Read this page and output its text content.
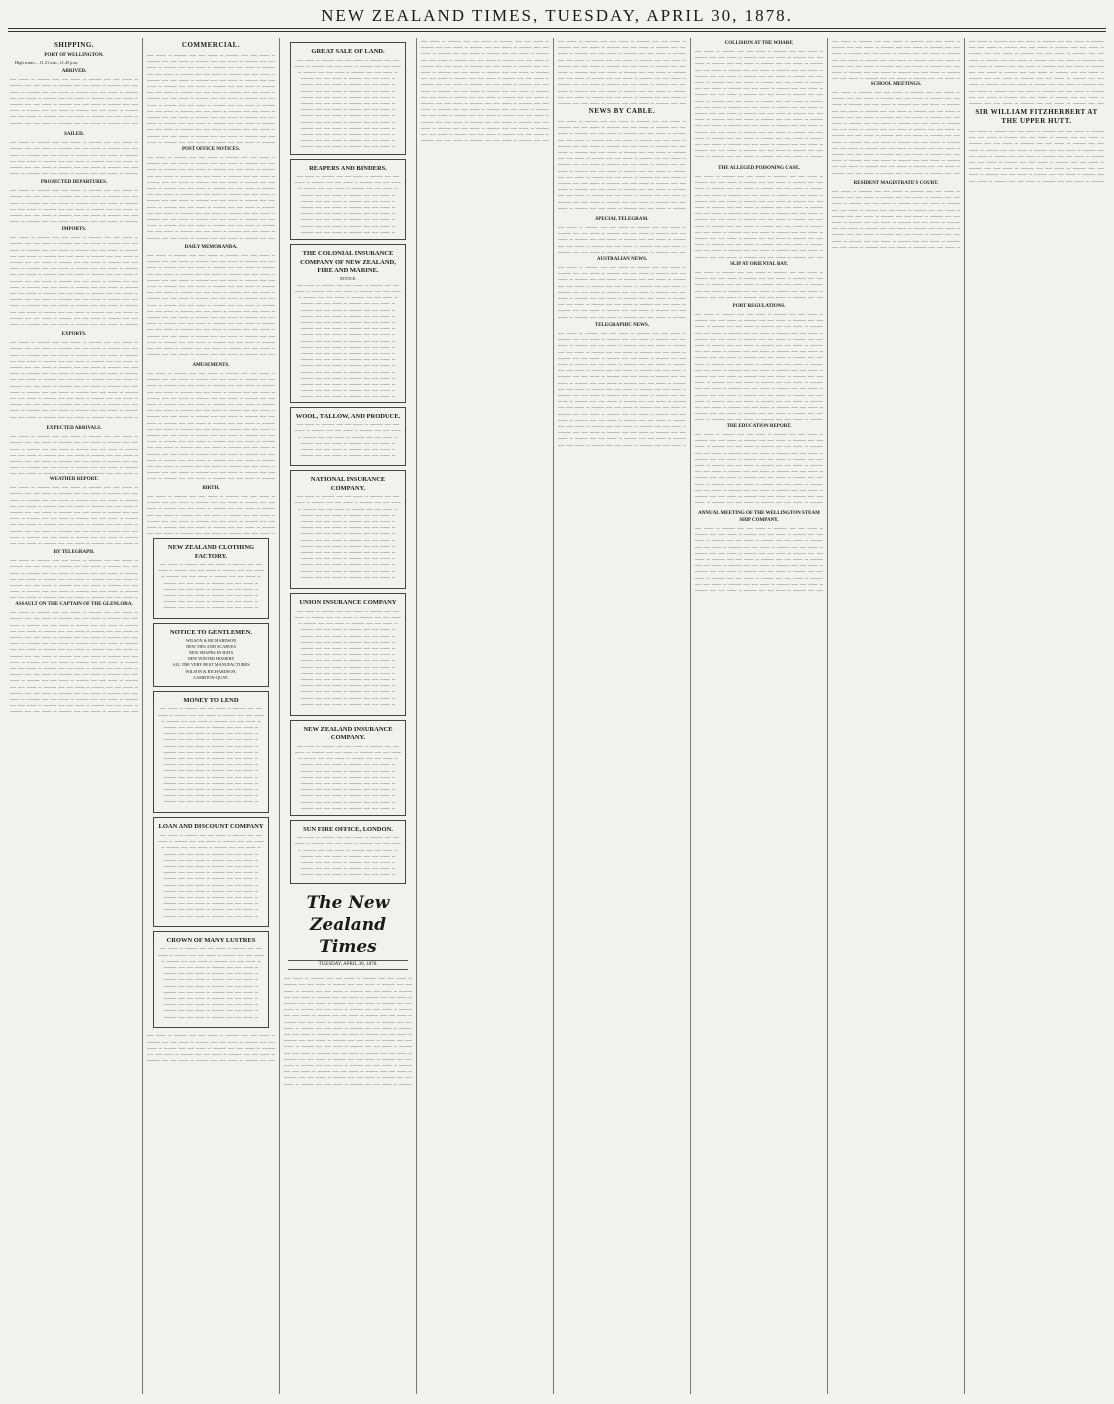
NEW ZEALAND TIMES, TUESDAY, APRIL 30, 1878.
SHIPPING.
PORT OF WELLINGTON.

High water— 11.21 a.m., 11.45 p.m.

ARRIVED.
▬▬ ▬▬▬ ▬ ▬▬▬▬ ▬▬ ▬▬ ▬▬▬ ▬ ▬▬▬▬ ▬▬ ▬▬ ▬▬▬ ▬ ▬▬▬▬ ▬▬ ▬▬ ▬▬▬ ▬ ▬▬▬▬ ▬▬ ▬▬ ▬▬▬ ▬ ▬▬▬▬ ▬▬ ▬▬ ▬▬▬ ▬ ▬▬▬▬ ▬▬ ▬▬ ▬▬▬ ▬ ▬▬▬▬ ▬▬ ▬▬ ▬▬▬ ▬ ▬▬▬▬ ▬▬ ▬▬ ▬▬▬ ▬ ▬▬▬▬ ▬▬ ▬▬ ▬▬▬ ▬ ▬▬▬▬ ▬▬ ▬▬ ▬▬▬ ▬ ▬▬▬▬ ▬▬ ▬▬ ▬▬▬ ▬ ▬▬▬▬ ▬▬ ▬▬ ▬▬▬ ▬ ▬▬▬▬ ▬▬ ▬▬ ▬▬▬ ▬ ▬▬▬▬ ▬▬ ▬▬ ▬▬▬ ▬ ▬▬▬▬ ▬▬ ▬▬ ▬▬▬ ▬ ▬▬▬▬ ▬▬ ▬▬ ▬▬▬ ▬ ▬▬▬▬ ▬▬ ▬▬ ▬▬▬ ▬ ▬▬▬▬ ▬▬ ▬▬ ▬▬▬ ▬ ▬▬▬▬ ▬▬ ▬▬ ▬▬▬ ▬ ▬▬▬▬ ▬▬ ▬▬ ▬▬▬ ▬ ▬▬▬▬ ▬▬ ▬▬ ▬▬▬ ▬ ▬▬▬▬ ▬▬ ▬▬ ▬▬▬ ▬ ▬▬▬▬ ▬▬ ▬▬ ▬▬▬ ▬ ▬▬▬▬
SAILED.
▬▬ ▬▬▬ ▬ ▬▬▬▬ ▬▬ ▬▬ ▬▬▬ ▬ ▬▬▬▬ ▬▬ ▬▬ ▬▬▬ ▬ ▬▬▬▬ ▬▬ ▬▬ ▬▬▬ ▬ ▬▬▬▬ ▬▬ ▬▬ ▬▬▬ ▬ ▬▬▬▬ ▬▬ ▬▬ ▬▬▬ ▬ ▬▬▬▬ ▬▬ ▬▬ ▬▬▬ ▬ ▬▬▬▬ ▬▬ ▬▬ ▬▬▬ ▬ ▬▬▬▬ ▬▬ ▬▬ ▬▬▬ ▬ ▬▬▬▬ ▬▬ ▬▬ ▬▬▬ ▬ ▬▬▬▬ ▬▬ ▬▬ ▬▬▬ ▬ ▬▬▬▬ ▬▬ ▬▬ ▬▬▬ ▬ ▬▬▬▬ ▬▬ ▬▬ ▬▬▬ ▬ ▬▬▬▬ ▬▬ ▬▬ ▬▬▬ ▬ ▬▬▬▬ ▬▬ ▬▬ ▬▬▬ ▬ ▬▬▬▬ ▬▬ ▬▬ ▬▬▬ ▬ ▬▬▬▬
PROJECTED DEPARTURES.
▬▬ ▬▬▬ ▬ ▬▬▬▬ ▬▬ ▬▬ ▬▬▬ ▬ ▬▬▬▬ ▬▬ ▬▬ ▬▬▬ ▬ ▬▬▬▬ ▬▬ ▬▬ ▬▬▬ ▬ ▬▬▬▬ ▬▬ ▬▬ ▬▬▬ ▬ ▬▬▬▬ ▬▬ ▬▬ ▬▬▬ ▬ ▬▬▬▬ ▬▬ ▬▬ ▬▬▬ ▬ ▬▬▬▬ ▬▬ ▬▬ ▬▬▬ ▬ ▬▬▬▬ ▬▬ ▬▬ ▬▬▬ ▬ ▬▬▬▬ ▬▬ ▬▬ ▬▬▬ ▬ ▬▬▬▬ ▬▬ ▬▬ ▬▬▬ ▬ ▬▬▬▬ ▬▬ ▬▬ ▬▬▬ ▬ ▬▬▬▬ ▬▬ ▬▬ ▬▬▬ ▬ ▬▬▬▬ ▬▬ ▬▬ ▬▬▬ ▬ ▬▬▬▬ ▬▬ ▬▬ ▬▬▬ ▬ ▬▬▬▬ ▬▬ ▬▬ ▬▬▬ ▬ ▬▬▬▬
IMPORTS.
▬▬ ▬▬▬ ▬ ▬▬▬▬ ▬▬ ▬▬ ▬▬▬ ▬ ▬▬▬▬ ▬▬ ▬▬ ▬▬▬ ▬ ▬▬▬▬ ▬▬ ▬▬ ▬▬▬ ▬ ▬▬▬▬ ▬▬ ▬▬ ▬▬▬ ▬ ▬▬▬▬ ▬▬ ▬▬ ▬▬▬ ▬ ▬▬▬▬ ▬▬ ▬▬ ▬▬▬ ▬ ▬▬▬▬ ▬▬ ▬▬ ▬▬▬ ▬ ▬▬▬▬ ▬▬ ▬▬ ▬▬▬ ▬ ▬▬▬▬ ▬▬ ▬▬ ▬▬▬ ▬ ▬▬▬▬ ▬▬ ▬▬ ▬▬▬ ▬ ▬▬▬▬ ▬▬ ▬▬ ▬▬▬ ▬ ▬▬▬▬ ▬▬ ▬▬ ▬▬▬ ▬ ▬▬▬▬ ▬▬ ▬▬ ▬▬▬ ▬ ▬▬▬▬ ▬▬ ▬▬ ▬▬▬ ▬ ▬▬▬▬ ▬▬ ▬▬ ▬▬▬ ▬ ▬▬▬▬ ▬▬ ▬▬ ▬▬▬ ▬ ▬▬▬▬ ▬▬ ▬▬ ▬▬▬ ▬ ▬▬▬▬ ▬▬ ▬▬ ▬▬▬ ▬ ▬▬▬▬ ▬▬ ▬▬ ▬▬▬ ▬ ▬▬▬▬ ▬▬ ▬▬ ▬▬▬ ▬ ▬▬▬▬ ▬▬ ▬▬ ▬▬▬ ▬ ▬▬▬▬ ▬▬ ▬▬ ▬▬▬ ▬ ▬▬▬▬ ▬▬ ▬▬ ▬▬▬ ▬ ▬▬▬▬ ▬▬ ▬▬ ▬▬▬ ▬ ▬▬▬▬ ▬▬ ▬▬ ▬▬▬ ▬ ▬▬▬▬ ▬▬ ▬▬ ▬▬▬ ▬ ▬▬▬▬ ▬▬ ▬▬ ▬▬▬ ▬ ▬▬▬▬ ▬▬ ▬▬ ▬▬▬ ▬ ▬▬▬▬ ▬▬ ▬▬ ▬▬▬ ▬ ▬▬▬▬ ▬▬ ▬▬ ▬▬▬ ▬ ▬▬▬▬ ▬▬ ▬▬ ▬▬▬ ▬ ▬▬▬▬ ▬▬ ▬▬ ▬▬▬ ▬ ▬▬▬▬ ▬▬ ▬▬ ▬▬▬ ▬ ▬▬▬▬ ▬▬ ▬▬ ▬▬▬ ▬ ▬▬▬▬ ▬▬ ▬▬ ▬▬▬ ▬ ▬▬▬▬ ▬▬ ▬▬ ▬▬▬ ▬ ▬▬▬▬ ▬▬ ▬▬ ▬▬▬ ▬ ▬▬▬▬ ▬▬ ▬▬ ▬▬▬ ▬ ▬▬▬▬ ▬▬ ▬▬ ▬▬▬ ▬ ▬▬▬▬
EXPORTS.
▬▬ ▬▬▬ ▬ ▬▬▬▬ ▬▬ ▬▬ ▬▬▬ ▬ ▬▬▬▬ ▬▬ ▬▬ ▬▬▬ ▬ ▬▬▬▬ ▬▬ ▬▬ ▬▬▬ ▬ ▬▬▬▬ ▬▬ ▬▬ ▬▬▬ ▬ ▬▬▬▬ ▬▬ ▬▬ ▬▬▬ ▬ ▬▬▬▬ ▬▬ ▬▬ ▬▬▬ ▬ ▬▬▬▬ ▬▬ ▬▬ ▬▬▬ ▬ ▬▬▬▬ ▬▬ ▬▬ ▬▬▬ ▬ ▬▬▬▬ ▬▬ ▬▬ ▬▬▬ ▬ ▬▬▬▬ ▬▬ ▬▬ ▬▬▬ ▬ ▬▬▬▬ ▬▬ ▬▬ ▬▬▬ ▬ ▬▬▬▬ ▬▬ ▬▬ ▬▬▬ ▬ ▬▬▬▬ ▬▬ ▬▬ ▬▬▬ ▬ ▬▬▬▬ ▬▬ ▬▬ ▬▬▬ ▬ ▬▬▬▬ ▬▬ ▬▬ ▬▬▬ ▬ ▬▬▬▬ ▬▬ ▬▬ ▬▬▬ ▬ ▬▬▬▬ ▬▬ ▬▬ ▬▬▬ ▬ ▬▬▬▬ ▬▬ ▬▬ ▬▬▬ ▬ ▬▬▬▬ ▬▬ ▬▬ ▬▬▬ ▬ ▬▬▬▬ ▬▬ ▬▬ ▬▬▬ ▬ ▬▬▬▬ ▬▬ ▬▬ ▬▬▬ ▬ ▬▬▬▬ ▬▬ ▬▬ ▬▬▬ ▬ ▬▬▬▬ ▬▬ ▬▬ ▬▬▬ ▬ ▬▬▬▬ ▬▬ ▬▬ ▬▬▬ ▬ ▬▬▬▬ ▬▬ ▬▬ ▬▬▬ ▬ ▬▬▬▬ ▬▬ ▬▬ ▬▬▬ ▬ ▬▬▬▬ ▬▬ ▬▬ ▬▬▬ ▬ ▬▬▬▬ ▬▬ ▬▬ ▬▬▬ ▬ ▬▬▬▬ ▬▬ ▬▬ ▬▬▬ ▬ ▬▬▬▬ ▬▬ ▬▬ ▬▬▬ ▬ ▬▬▬▬ ▬▬ ▬▬ ▬▬▬ ▬ ▬▬▬▬ ▬▬ ▬▬ ▬▬▬ ▬ ▬▬▬▬ ▬▬ ▬▬ ▬▬▬ ▬ ▬▬▬▬ ▬▬ ▬▬ ▬▬▬ ▬ ▬▬▬▬ ▬▬ ▬▬ ▬▬▬ ▬ ▬▬▬▬ ▬▬ ▬▬ ▬▬▬ ▬ ▬▬▬▬ ▬▬ ▬▬
EXPECTED ARRIVALS.
▬▬ ▬▬▬ ▬ ▬▬▬▬ ▬▬ ▬▬ ▬▬▬ ▬ ▬▬▬▬ ▬▬ ▬▬ ▬▬▬ ▬ ▬▬▬▬ ▬▬ ▬▬ ▬▬▬ ▬ ▬▬▬▬ ▬▬ ▬▬ ▬▬▬ ▬ ▬▬▬▬ ▬▬ ▬▬ ▬▬▬ ▬ ▬▬▬▬ ▬▬ ▬▬ ▬▬▬ ▬ ▬▬▬▬ ▬▬ ▬▬ ▬▬▬ ▬ ▬▬▬▬ ▬▬ ▬▬ ▬▬▬ ▬ ▬▬▬▬ ▬▬ ▬▬ ▬▬▬ ▬ ▬▬▬▬ ▬▬ ▬▬ ▬▬▬ ▬ ▬▬▬▬ ▬▬ ▬▬ ▬▬▬ ▬ ▬▬▬▬ ▬▬ ▬▬ ▬▬▬ ▬ ▬▬▬▬ ▬▬ ▬▬ ▬▬▬ ▬ ▬▬▬▬ ▬▬ ▬▬ ▬▬▬ ▬ ▬▬▬▬ ▬▬ ▬▬ ▬▬▬ ▬ ▬▬▬▬ ▬▬ ▬▬ ▬▬▬ ▬ ▬▬▬▬ ▬▬ ▬▬ ▬▬▬ ▬ ▬▬▬▬ ▬▬ ▬▬ ▬▬▬ ▬
WEATHER REPORT.
▬▬ ▬▬▬ ▬ ▬▬▬▬ ▬▬ ▬▬ ▬▬▬ ▬ ▬▬▬▬ ▬▬ ▬▬ ▬▬▬ ▬ ▬▬▬▬ ▬▬ ▬▬ ▬▬▬ ▬ ▬▬▬▬ ▬▬ ▬▬ ▬▬▬ ▬ ▬▬▬▬ ▬▬ ▬▬ ▬▬▬ ▬ ▬▬▬▬ ▬▬ ▬▬ ▬▬▬ ▬ ▬▬▬▬ ▬▬ ▬▬ ▬▬▬ ▬ ▬▬▬▬ ▬▬ ▬▬ ▬▬▬ ▬ ▬▬▬▬ ▬▬ ▬▬ ▬▬▬ ▬ ▬▬▬▬ ▬▬ ▬▬ ▬▬▬ ▬ ▬▬▬▬ ▬▬ ▬▬ ▬▬▬ ▬ ▬▬▬▬ ▬▬ ▬▬ ▬▬▬ ▬ ▬▬▬▬ ▬▬ ▬▬ ▬▬▬ ▬ ▬▬▬▬ ▬▬ ▬▬ ▬▬▬ ▬ ▬▬▬▬ ▬▬ ▬▬ ▬▬▬ ▬ ▬▬▬▬ ▬▬ ▬▬ ▬▬▬ ▬ ▬▬▬▬ ▬▬ ▬▬ ▬▬▬ ▬ ▬▬▬▬ ▬▬ ▬▬ ▬▬▬ ▬ ▬▬▬▬ ▬▬ ▬▬ ▬▬▬ ▬ ▬▬▬▬ ▬▬ ▬▬ ▬▬▬ ▬ ▬▬▬▬ ▬▬ ▬▬ ▬▬▬ ▬ ▬▬▬▬ ▬▬ ▬▬ ▬▬▬ ▬ ▬▬▬▬ ▬▬ ▬▬ ▬▬▬ ▬ ▬▬▬▬ ▬▬ ▬▬ ▬▬▬ ▬ ▬▬▬▬ ▬▬ ▬▬ ▬▬▬ ▬ ▬▬▬▬ ▬▬ ▬▬ ▬▬▬ ▬
BY TELEGRAPH.
▬▬ ▬▬▬ ▬ ▬▬▬▬ ▬▬ ▬▬ ▬▬▬ ▬ ▬▬▬▬ ▬▬ ▬▬ ▬▬▬ ▬ ▬▬▬▬ ▬▬ ▬▬ ▬▬▬ ▬ ▬▬▬▬ ▬▬ ▬▬ ▬▬▬ ▬ ▬▬▬▬ ▬▬ ▬▬ ▬▬▬ ▬ ▬▬▬▬ ▬▬ ▬▬ ▬▬▬ ▬ ▬▬▬▬ ▬▬ ▬▬ ▬▬▬ ▬ ▬▬▬▬ ▬▬ ▬▬ ▬▬▬ ▬ ▬▬▬▬ ▬▬ ▬▬ ▬▬▬ ▬ ▬▬▬▬ ▬▬ ▬▬ ▬▬▬ ▬ ▬▬▬▬ ▬▬ ▬▬ ▬▬▬ ▬ ▬▬▬▬ ▬▬ ▬▬ ▬▬▬ ▬ ▬▬▬▬ ▬▬ ▬▬ ▬▬▬ ▬ ▬▬▬▬ ▬▬ ▬▬ ▬▬▬ ▬ ▬▬▬▬ ▬▬ ▬▬ ▬▬▬ ▬ ▬▬▬▬ ▬▬ ▬▬ ▬▬▬ ▬ ▬▬▬▬ ▬▬ ▬▬ ▬▬▬ ▬ ▬▬▬▬ ▬▬ ▬▬ ▬▬▬ ▬
ASSAULT ON THE CAPTAIN OF THE GLENLORA.
▬▬ ▬▬▬ ▬ ▬▬▬▬ ▬▬ ▬▬ ▬▬▬ ▬ ▬▬▬▬ ▬▬ ▬▬ ▬▬▬ ▬ ▬▬▬▬ ▬▬ ▬▬ ▬▬▬ ▬ ▬▬▬▬ ▬▬ ▬▬ ▬▬▬ ▬ ▬▬▬▬ ▬▬ ▬▬ ▬▬▬ ▬ ▬▬▬▬ ▬▬ ▬▬ ▬▬▬ ▬ ▬▬▬▬ ▬▬ ▬▬ ▬▬▬ ▬ ▬▬▬▬ ▬▬ ▬▬ ▬▬▬ ▬ ▬▬▬▬ ▬▬ ▬▬ ▬▬▬ ▬ ▬▬▬▬ ▬▬ ▬▬ ▬▬▬ ▬ ▬▬▬▬ ▬▬ ▬▬ ▬▬▬ ▬ ▬▬▬▬ ▬▬ ▬▬ ▬▬▬ ▬ ▬▬▬▬ ▬▬ ▬▬ ▬▬▬ ▬ ▬▬▬▬ ▬▬ ▬▬ ▬▬▬ ▬ ▬▬▬▬ ▬▬ ▬▬ ▬▬▬ ▬ ▬▬▬▬ ▬▬ ▬▬ ▬▬▬ ▬ ▬▬▬▬ ▬▬ ▬▬ ▬▬▬ ▬ ▬▬▬▬ ▬▬ ▬▬ ▬▬▬ ▬ ▬▬▬▬ ▬▬ ▬▬ ▬▬▬ ▬ ▬▬▬▬ ▬▬ ▬▬ ▬▬▬ ▬ ▬▬▬▬ ▬▬ ▬▬ ▬▬▬ ▬ ▬▬▬▬ ▬▬ ▬▬ ▬▬▬ ▬ ▬▬▬▬ ▬▬ ▬▬ ▬▬▬ ▬ ▬▬▬▬ ▬▬ ▬▬ ▬▬▬ ▬ ▬▬▬▬ ▬▬ ▬▬ ▬▬▬ ▬ ▬▬▬▬ ▬▬ ▬▬ ▬▬▬ ▬ ▬▬▬▬ ▬▬ ▬▬ ▬▬▬ ▬ ▬▬▬▬ ▬▬ ▬▬ ▬▬▬ ▬ ▬▬▬▬ ▬▬ ▬▬ ▬▬▬ ▬ ▬▬▬▬ ▬▬ ▬▬ ▬▬▬ ▬ ▬▬▬▬ ▬▬ ▬▬ ▬▬▬ ▬ ▬▬▬▬ ▬▬ ▬▬ ▬▬▬ ▬ ▬▬▬▬ ▬▬ ▬▬ ▬▬▬ ▬ ▬▬▬▬ ▬▬ ▬▬ ▬▬▬ ▬ ▬▬▬▬ ▬▬ ▬▬ ▬▬▬ ▬ ▬▬▬▬ ▬▬ ▬▬ ▬▬▬ ▬ ▬▬▬▬ ▬▬ ▬▬ ▬▬▬ ▬ ▬▬▬▬ ▬▬ ▬▬ ▬▬▬ ▬ ▬▬▬▬ ▬▬ ▬▬ ▬▬▬ ▬ ▬▬▬▬ ▬▬ ▬▬ ▬▬▬ ▬ ▬▬▬▬ ▬▬ ▬▬ ▬▬▬ ▬ ▬▬▬▬ ▬▬ ▬▬ ▬▬▬ ▬ ▬▬▬▬ ▬▬ ▬▬ ▬▬▬ ▬ ▬▬▬▬ ▬▬ ▬▬ ▬▬▬ ▬ ▬▬▬▬ ▬▬ ▬▬
COMMERCIAL.
▬▬ ▬▬▬ ▬ ▬▬▬▬ ▬▬ ▬▬ ▬▬▬ ▬ ▬▬▬▬ ▬▬ ▬▬ ▬▬▬ ▬ ▬▬▬▬ ▬▬ ▬▬ ▬▬▬ ▬ ▬▬▬▬ ▬▬ ▬▬ ▬▬▬ ▬ ▬▬▬▬ ▬▬ ▬▬ ▬▬▬ ▬ ▬▬▬▬ ▬▬ ▬▬ ▬▬▬ ▬ ▬▬▬▬ ▬▬ ▬▬ ▬▬▬ ▬ ▬▬▬▬ ▬▬ ▬▬ ▬▬▬ ▬ ▬▬▬▬ ▬▬ ▬▬ ▬▬▬ ▬ ▬▬▬▬ ▬▬ ▬▬ ▬▬▬ ▬ ▬▬▬▬ ▬▬ ▬▬ ▬▬▬ ▬ ▬▬▬▬ ▬▬ ▬▬ ▬▬▬ ▬ ▬▬▬▬ ▬▬ ▬▬ ▬▬▬ ▬ ▬▬▬▬ ▬▬ ▬▬ ▬▬▬ ▬ ▬▬▬▬ ▬▬ ▬▬ ▬▬▬ ▬ ▬▬▬▬ ▬▬ ▬▬ ▬▬▬ ▬ ▬▬▬▬ ▬▬ ▬▬ ▬▬▬ ▬ ▬▬▬▬ ▬▬ ▬▬ ▬▬▬ ▬ ▬▬▬▬ ▬▬ ▬▬ ▬▬▬ ▬ ▬▬▬▬ ▬▬ ▬▬ ▬▬▬ ▬ ▬▬▬▬ ▬▬ ▬▬ ▬▬▬ ▬ ▬▬▬▬ ▬▬ ▬▬ ▬▬▬ ▬ ▬▬▬▬ ▬▬ ▬▬ ▬▬▬ ▬ ▬▬▬▬ ▬▬ ▬▬ ▬▬▬ ▬ ▬▬▬▬ ▬▬ ▬▬ ▬▬▬ ▬ ▬▬▬▬ ▬▬ ▬▬ ▬▬▬ ▬ ▬▬▬▬ ▬▬ ▬▬ ▬▬▬ ▬ ▬▬▬▬ ▬▬ ▬▬ ▬▬▬ ▬ ▬▬▬▬ ▬▬ ▬▬ ▬▬▬ ▬ ▬▬▬▬ ▬▬ ▬▬ ▬▬▬ ▬ ▬▬▬▬ ▬▬ ▬▬ ▬▬▬ ▬ ▬▬▬▬ ▬▬ ▬▬ ▬▬▬ ▬ ▬▬▬▬ ▬▬ ▬▬ ▬▬▬ ▬ ▬▬▬▬ ▬▬ ▬▬ ▬▬▬ ▬ ▬▬▬▬ ▬▬ ▬▬ ▬▬▬ ▬ ▬▬▬▬ ▬▬ ▬▬ ▬▬▬ ▬ ▬▬▬▬ ▬▬ ▬▬ ▬▬▬ ▬ ▬▬▬▬ ▬▬ ▬▬ ▬▬▬ ▬ ▬▬▬▬ ▬▬ ▬▬ ▬▬▬ ▬ ▬▬▬▬
POST OFFICE NOTICES.
▬▬ ▬▬▬ ▬ ▬▬▬▬ ▬▬ ▬▬ ▬▬▬ ▬ ▬▬▬▬ ▬▬ ▬▬ ▬▬▬ ▬ ▬▬▬▬ ▬▬ ▬▬ ▬▬▬ ▬ ▬▬▬▬ ▬▬ ▬▬ ▬▬▬ ▬ ▬▬▬▬ ▬▬ ▬▬ ▬▬▬ ▬ ▬▬▬▬ ▬▬ ▬▬ ▬▬▬ ▬ ▬▬▬▬ ▬▬ ▬▬ ▬▬▬ ▬ ▬▬▬▬ ▬▬ ▬▬ ▬▬▬ ▬ ▬▬▬▬ ▬▬ ▬▬ ▬▬▬ ▬ ▬▬▬▬ ▬▬ ▬▬ ▬▬▬ ▬ ▬▬▬▬ ▬▬ ▬▬ ▬▬▬ ▬ ▬▬▬▬ ▬▬ ▬▬ ▬▬▬ ▬ ▬▬▬▬ ▬▬ ▬▬ ▬▬▬ ▬ ▬▬▬▬ ▬▬ ▬▬ ▬▬▬ ▬ ▬▬▬▬ ▬▬ ▬▬ ▬▬▬ ▬ ▬▬▬▬ ▬▬ ▬▬ ▬▬▬ ▬ ▬▬▬▬ ▬▬ ▬▬ ▬▬▬ ▬ ▬▬▬▬ ▬▬ ▬▬ ▬▬▬ ▬ ▬▬▬▬ ▬▬ ▬▬ ▬▬▬ ▬ ▬▬▬▬ ▬▬ ▬▬ ▬▬▬ ▬ ▬▬▬▬ ▬▬ ▬▬ ▬▬▬ ▬ ▬▬▬▬ ▬▬ ▬▬ ▬▬▬ ▬ ▬▬▬▬ ▬▬ ▬▬ ▬▬▬ ▬ ▬▬▬▬ ▬▬ ▬▬ ▬▬▬ ▬ ▬▬▬▬ ▬▬ ▬▬ ▬▬▬ ▬ ▬▬▬▬ ▬▬ ▬▬ ▬▬▬ ▬ ▬▬▬▬ ▬▬ ▬▬ ▬▬▬ ▬ ▬▬▬▬ ▬▬ ▬▬ ▬▬▬ ▬ ▬▬▬▬ ▬▬ ▬▬ ▬▬▬ ▬ ▬▬▬▬ ▬▬ ▬▬ ▬▬▬ ▬ ▬▬▬▬ ▬▬ ▬▬ ▬▬▬ ▬ ▬▬▬▬ ▬▬ ▬▬ ▬▬▬ ▬ ▬▬▬▬ ▬▬ ▬▬ ▬▬▬ ▬ ▬▬▬▬ ▬▬ ▬▬ ▬▬▬ ▬ ▬▬▬▬ ▬▬ ▬▬ ▬▬▬ ▬ ▬▬▬▬ ▬▬ ▬▬ ▬▬▬ ▬ ▬▬▬▬ ▬▬ ▬▬
DAILY MEMORANDA.
▬▬ ▬▬▬ ▬ ▬▬▬▬ ▬▬ ▬▬ ▬▬▬ ▬ ▬▬▬▬ ▬▬ ▬▬ ▬▬▬ ▬ ▬▬▬▬ ▬▬ ▬▬ ▬▬▬ ▬ ▬▬▬▬ ▬▬ ▬▬ ▬▬▬ ▬ ▬▬▬▬ ▬▬ ▬▬ ▬▬▬ ▬ ▬▬▬▬ ▬▬ ▬▬ ▬▬▬ ▬ ▬▬▬▬ ▬▬ ▬▬ ▬▬▬ ▬ ▬▬▬▬ ▬▬ ▬▬ ▬▬▬ ▬ ▬▬▬▬ ▬▬ ▬▬ ▬▬▬ ▬ ▬▬▬▬ ▬▬ ▬▬ ▬▬▬ ▬ ▬▬▬▬ ▬▬ ▬▬ ▬▬▬ ▬ ▬▬▬▬ ▬▬ ▬▬ ▬▬▬ ▬ ▬▬▬▬ ▬▬ ▬▬ ▬▬▬ ▬ ▬▬▬▬ ▬▬ ▬▬ ▬▬▬ ▬ ▬▬▬▬ ▬▬ ▬▬ ▬▬▬ ▬ ▬▬▬▬ ▬▬ ▬▬ ▬▬▬ ▬ ▬▬▬▬ ▬▬ ▬▬ ▬▬▬ ▬ ▬▬▬▬ ▬▬ ▬▬ ▬▬▬ ▬ ▬▬▬▬ ▬▬ ▬▬ ▬▬▬ ▬ ▬▬▬▬ ▬▬ ▬▬ ▬▬▬ ▬ ▬▬▬▬ ▬▬ ▬▬ ▬▬▬ ▬ ▬▬▬▬ ▬▬ ▬▬ ▬▬▬ ▬ ▬▬▬▬ ▬▬ ▬▬ ▬▬▬ ▬ ▬▬▬▬ ▬▬ ▬▬ ▬▬▬ ▬ ▬▬▬▬ ▬▬ ▬▬ ▬▬▬ ▬ ▬▬▬▬ ▬▬ ▬▬ ▬▬▬ ▬ ▬▬▬▬ ▬▬ ▬▬ ▬▬▬ ▬ ▬▬▬▬ ▬▬ ▬▬ ▬▬▬ ▬ ▬▬▬▬ ▬▬ ▬▬ ▬▬▬ ▬ ▬▬▬▬ ▬▬ ▬▬ ▬▬▬ ▬ ▬▬▬▬ ▬▬ ▬▬ ▬▬▬ ▬ ▬▬▬▬ ▬▬ ▬▬ ▬▬▬ ▬ ▬▬▬▬ ▬▬ ▬▬ ▬▬▬ ▬ ▬▬▬▬ ▬▬ ▬▬ ▬▬▬ ▬ ▬▬▬▬ ▬▬ ▬▬ ▬▬▬ ▬ ▬▬▬▬ ▬▬ ▬▬ ▬▬▬ ▬ ▬▬▬▬ ▬▬ ▬▬ ▬▬▬ ▬ ▬▬▬▬ ▬▬ ▬▬ ▬▬▬ ▬ ▬▬▬▬ ▬▬ ▬▬ ▬▬▬ ▬ ▬▬▬▬ ▬▬ ▬▬ ▬▬▬ ▬ ▬▬▬▬ ▬▬ ▬▬ ▬▬▬ ▬ ▬▬▬▬ ▬▬ ▬▬ ▬▬▬ ▬ ▬▬▬▬ ▬▬ ▬▬ ▬▬▬ ▬ ▬▬▬▬ ▬▬ ▬▬ ▬▬▬ ▬ ▬▬▬▬ ▬▬ ▬▬
AMUSEMENTS.
▬▬ ▬▬▬ ▬ ▬▬▬▬ ▬▬ ▬▬ ▬▬▬ ▬ ▬▬▬▬ ▬▬ ▬▬ ▬▬▬ ▬ ▬▬▬▬ ▬▬ ▬▬ ▬▬▬ ▬ ▬▬▬▬ ▬▬ ▬▬ ▬▬▬ ▬ ▬▬▬▬ ▬▬ ▬▬ ▬▬▬ ▬ ▬▬▬▬ ▬▬ ▬▬ ▬▬▬ ▬ ▬▬▬▬ ▬▬ ▬▬ ▬▬▬ ▬ ▬▬▬▬ ▬▬ ▬▬ ▬▬▬ ▬ ▬▬▬▬ ▬▬ ▬▬ ▬▬▬ ▬ ▬▬▬▬ ▬▬ ▬▬ ▬▬▬ ▬ ▬▬▬▬ ▬▬ ▬▬ ▬▬▬ ▬ ▬▬▬▬ ▬▬ ▬▬ ▬▬▬ ▬ ▬▬▬▬ ▬▬ ▬▬ ▬▬▬ ▬ ▬▬▬▬ ▬▬ ▬▬ ▬▬▬ ▬ ▬▬▬▬ ▬▬ ▬▬ ▬▬▬ ▬ ▬▬▬▬ ▬▬ ▬▬ ▬▬▬ ▬ ▬▬▬▬ ▬▬ ▬▬ ▬▬▬ ▬ ▬▬▬▬ ▬▬ ▬▬ ▬▬▬ ▬ ▬▬▬▬ ▬▬ ▬▬ ▬▬▬ ▬ ▬▬▬▬ ▬▬ ▬▬ ▬▬▬ ▬ ▬▬▬▬ ▬▬ ▬▬ ▬▬▬ ▬ ▬▬▬▬ ▬▬ ▬▬ ▬▬▬ ▬ ▬▬▬▬ ▬▬ ▬▬ ▬▬▬ ▬ ▬▬▬▬ ▬▬ ▬▬ ▬▬▬ ▬ ▬▬▬▬ ▬▬ ▬▬ ▬▬▬ ▬ ▬▬▬▬ ▬▬ ▬▬ ▬▬▬ ▬ ▬▬▬▬ ▬▬ ▬▬ ▬▬▬ ▬ ▬▬▬▬ ▬▬ ▬▬ ▬▬▬ ▬ ▬▬▬▬ ▬▬ ▬▬ ▬▬▬ ▬ ▬▬▬▬ ▬▬ ▬▬ ▬▬▬ ▬ ▬▬▬▬ ▬▬ ▬▬ ▬▬▬ ▬ ▬▬▬▬ ▬▬ ▬▬ ▬▬▬ ▬ ▬▬▬▬ ▬▬ ▬▬ ▬▬▬ ▬ ▬▬▬▬ ▬▬ ▬▬ ▬▬▬ ▬ ▬▬▬▬ ▬▬ ▬▬ ▬▬▬ ▬ ▬▬▬▬ ▬▬ ▬▬ ▬▬▬ ▬ ▬▬▬▬ ▬▬ ▬▬ ▬▬▬ ▬ ▬▬▬▬ ▬▬ ▬▬ ▬▬▬ ▬ ▬▬▬▬ ▬▬ ▬▬ ▬▬▬ ▬ ▬▬▬▬ ▬▬ ▬▬ ▬▬▬ ▬ ▬▬▬▬ ▬▬ ▬▬ ▬▬▬ ▬ ▬▬▬▬ ▬▬ ▬▬ ▬▬▬ ▬ ▬▬▬▬ ▬▬ ▬▬ ▬▬▬ ▬ ▬▬▬▬ ▬▬ ▬▬ ▬▬▬ ▬ ▬▬▬▬ ▬▬ ▬▬ ▬▬▬ ▬ ▬▬▬▬ ▬▬ ▬▬ ▬▬▬ ▬ ▬▬▬▬ ▬▬ ▬▬ ▬▬▬ ▬ ▬▬▬▬
BIRTH.
▬▬ ▬▬▬ ▬ ▬▬▬▬ ▬▬ ▬▬ ▬▬▬ ▬ ▬▬▬▬ ▬▬ ▬▬ ▬▬▬ ▬ ▬▬▬▬ ▬▬ ▬▬ ▬▬▬ ▬ ▬▬▬▬ ▬▬ ▬▬ ▬▬▬ ▬ ▬▬▬▬ ▬▬ ▬▬ ▬▬▬ ▬ ▬▬▬▬ ▬▬ ▬▬ ▬▬▬ ▬ ▬▬▬▬ ▬▬ ▬▬ ▬▬▬ ▬ ▬▬▬▬ ▬▬ ▬▬ ▬▬▬ ▬ ▬▬▬▬ ▬▬ ▬▬ ▬▬▬ ▬ ▬▬▬▬ ▬▬ ▬▬ ▬▬▬ ▬ ▬▬▬▬ ▬▬ ▬▬ ▬▬▬ ▬ ▬▬▬▬ ▬▬ ▬▬ ▬▬▬ ▬ ▬▬▬▬ ▬▬ ▬▬ ▬▬▬ ▬ ▬▬▬▬ ▬▬ ▬▬ ▬▬▬ ▬ ▬▬▬▬ ▬▬ ▬▬ ▬▬▬ ▬ ▬▬▬▬ ▬▬ ▬▬ ▬▬▬ ▬ ▬▬▬▬ ▬▬ ▬▬ ▬▬▬ ▬ ▬▬▬▬ ▬▬ ▬▬ ▬▬▬ ▬
NEW ZEALAND CLOTHING FACTORY.
▬▬ ▬▬▬ ▬ ▬▬▬▬ ▬▬ ▬▬ ▬▬▬ ▬ ▬▬▬▬ ▬▬ ▬▬ ▬▬▬ ▬ ▬▬▬▬ ▬▬ ▬▬ ▬▬▬ ▬ ▬▬▬▬ ▬▬ ▬▬ ▬▬▬ ▬ ▬▬▬▬ ▬▬ ▬▬ ▬▬▬ ▬ ▬▬▬▬ ▬▬ ▬▬ ▬▬▬ ▬ ▬▬▬▬ ▬▬ ▬▬ ▬▬▬ ▬ ▬▬▬▬ ▬▬ ▬▬ ▬▬▬ ▬ ▬▬▬▬ ▬▬ ▬▬ ▬▬▬ ▬ ▬▬▬▬ ▬▬ ▬▬ ▬▬▬ ▬ ▬▬▬▬ ▬▬ ▬▬ ▬▬▬ ▬ ▬▬▬▬ ▬▬ ▬▬ ▬▬▬ ▬ ▬▬▬▬ ▬▬ ▬▬ ▬▬▬ ▬ ▬▬▬▬ ▬▬ ▬▬ ▬▬▬ ▬ ▬▬▬▬ ▬▬ ▬▬ ▬▬▬ ▬ ▬▬▬▬ ▬▬ ▬▬ ▬▬▬ ▬
NOTICE TO GENTLEMEN.
WILSON & RICHARDSON
NEW TIES AND SCARVES
NEW SHAPES IN HATS
NEW WINTER HOSIERY
ALL THE VERY BEST MANUFACTURES
WILSON & RICHARDSON,
LAMBTON-QUAY.
MONEY TO LEND
▬▬ ▬▬▬ ▬ ▬▬▬▬ ▬▬ ▬▬ ▬▬▬ ▬ ▬▬▬▬ ▬▬ ▬▬ ▬▬▬ ▬ ▬▬▬▬ ▬▬ ▬▬ ▬▬▬ ▬ ▬▬▬▬ ▬▬ ▬▬ ▬▬▬ ▬ ▬▬▬▬ ▬▬ ▬▬ ▬▬▬ ▬ ▬▬▬▬ ▬▬ ▬▬ ▬▬▬ ▬ ▬▬▬▬ ▬▬ ▬▬ ▬▬▬ ▬ ▬▬▬▬ ▬▬ ▬▬ ▬▬▬ ▬ ▬▬▬▬ ▬▬ ▬▬ ▬▬▬ ▬ ▬▬▬▬ ▬▬ ▬▬ ▬▬▬ ▬ ▬▬▬▬ ▬▬ ▬▬ ▬▬▬ ▬ ▬▬▬▬ ▬▬ ▬▬ ▬▬▬ ▬ ▬▬▬▬ ▬▬ ▬▬ ▬▬▬ ▬ ▬▬▬▬ ▬▬ ▬▬ ▬▬▬ ▬ ▬▬▬▬ ▬▬ ▬▬ ▬▬▬ ▬ ▬▬▬▬ ▬▬ ▬▬ ▬▬▬ ▬ ▬▬▬▬ ▬▬ ▬▬ ▬▬▬ ▬ ▬▬▬▬ ▬▬ ▬▬ ▬▬▬ ▬ ▬▬▬▬ ▬▬ ▬▬ ▬▬▬ ▬ ▬▬▬▬ ▬▬ ▬▬ ▬▬▬ ▬ ▬▬▬▬ ▬▬ ▬▬ ▬▬▬ ▬ ▬▬▬▬ ▬▬ ▬▬ ▬▬▬ ▬ ▬▬▬▬ ▬▬ ▬▬ ▬▬▬ ▬ ▬▬▬▬ ▬▬ ▬▬ ▬▬▬ ▬ ▬▬▬▬ ▬▬ ▬▬ ▬▬▬ ▬ ▬▬▬▬ ▬▬ ▬▬ ▬▬▬ ▬ ▬▬▬▬ ▬▬ ▬▬ ▬▬▬ ▬ ▬▬▬▬ ▬▬ ▬▬ ▬▬▬ ▬ ▬▬▬▬ ▬▬ ▬▬ ▬▬▬ ▬ ▬▬▬▬ ▬▬ ▬▬ ▬▬▬ ▬ ▬▬▬▬ ▬▬ ▬▬ ▬▬▬ ▬ ▬▬▬▬ ▬▬ ▬▬ ▬▬▬ ▬
LOAN AND DISCOUNT COMPANY
▬▬ ▬▬▬ ▬ ▬▬▬▬ ▬▬ ▬▬ ▬▬▬ ▬ ▬▬▬▬ ▬▬ ▬▬ ▬▬▬ ▬ ▬▬▬▬ ▬▬ ▬▬ ▬▬▬ ▬ ▬▬▬▬ ▬▬ ▬▬ ▬▬▬ ▬ ▬▬▬▬ ▬▬ ▬▬ ▬▬▬ ▬ ▬▬▬▬ ▬▬ ▬▬ ▬▬▬ ▬ ▬▬▬▬ ▬▬ ▬▬ ▬▬▬ ▬ ▬▬▬▬ ▬▬ ▬▬ ▬▬▬ ▬ ▬▬▬▬ ▬▬ ▬▬ ▬▬▬ ▬ ▬▬▬▬ ▬▬ ▬▬ ▬▬▬ ▬ ▬▬▬▬ ▬▬ ▬▬ ▬▬▬ ▬ ▬▬▬▬ ▬▬ ▬▬ ▬▬▬ ▬ ▬▬▬▬ ▬▬ ▬▬ ▬▬▬ ▬ ▬▬▬▬ ▬▬ ▬▬ ▬▬▬ ▬ ▬▬▬▬ ▬▬ ▬▬ ▬▬▬ ▬ ▬▬▬▬ ▬▬ ▬▬ ▬▬▬ ▬ ▬▬▬▬ ▬▬ ▬▬ ▬▬▬ ▬ ▬▬▬▬ ▬▬ ▬▬ ▬▬▬ ▬ ▬▬▬▬ ▬▬ ▬▬ ▬▬▬ ▬ ▬▬▬▬ ▬▬ ▬▬ ▬▬▬ ▬ ▬▬▬▬ ▬▬ ▬▬ ▬▬▬ ▬ ▬▬▬▬ ▬▬ ▬▬ ▬▬▬ ▬ ▬▬▬▬ ▬▬ ▬▬ ▬▬▬ ▬ ▬▬▬▬ ▬▬ ▬▬ ▬▬▬ ▬ ▬▬▬▬ ▬▬ ▬▬ ▬▬▬ ▬ ▬▬▬▬ ▬▬ ▬▬ ▬▬▬ ▬ ▬▬▬▬ ▬▬ ▬▬ ▬▬▬ ▬ ▬▬▬▬ ▬▬ ▬▬ ▬▬▬ ▬
CROWN OF MANY LUSTRES
▬▬ ▬▬▬ ▬ ▬▬▬▬ ▬▬ ▬▬ ▬▬▬ ▬ ▬▬▬▬ ▬▬ ▬▬ ▬▬▬ ▬ ▬▬▬▬ ▬▬ ▬▬ ▬▬▬ ▬ ▬▬▬▬ ▬▬ ▬▬ ▬▬▬ ▬ ▬▬▬▬ ▬▬ ▬▬ ▬▬▬ ▬ ▬▬▬▬ ▬▬ ▬▬ ▬▬▬ ▬ ▬▬▬▬ ▬▬ ▬▬ ▬▬▬ ▬ ▬▬▬▬ ▬▬ ▬▬ ▬▬▬ ▬ ▬▬▬▬ ▬▬ ▬▬ ▬▬▬ ▬ ▬▬▬▬ ▬▬ ▬▬ ▬▬▬ ▬ ▬▬▬▬ ▬▬ ▬▬ ▬▬▬ ▬ ▬▬▬▬ ▬▬ ▬▬ ▬▬▬ ▬ ▬▬▬▬ ▬▬ ▬▬ ▬▬▬ ▬ ▬▬▬▬ ▬▬ ▬▬ ▬▬▬ ▬ ▬▬▬▬ ▬▬ ▬▬ ▬▬▬ ▬ ▬▬▬▬ ▬▬ ▬▬ ▬▬▬ ▬ ▬▬▬▬ ▬▬ ▬▬ ▬▬▬ ▬ ▬▬▬▬ ▬▬ ▬▬ ▬▬▬ ▬ ▬▬▬▬ ▬▬ ▬▬ ▬▬▬ ▬ ▬▬▬▬ ▬▬ ▬▬ ▬▬▬ ▬ ▬▬▬▬ ▬▬ ▬▬ ▬▬▬ ▬ ▬▬▬▬ ▬▬ ▬▬ ▬▬▬ ▬ ▬▬▬▬ ▬▬ ▬▬ ▬▬▬ ▬ ▬▬▬▬ ▬▬ ▬▬ ▬▬▬ ▬
▬▬ ▬▬▬ ▬ ▬▬▬▬ ▬▬ ▬▬ ▬▬▬ ▬ ▬▬▬▬ ▬▬ ▬▬ ▬▬▬ ▬ ▬▬▬▬ ▬▬ ▬▬ ▬▬▬ ▬ ▬▬▬▬ ▬▬ ▬▬ ▬▬▬ ▬ ▬▬▬▬ ▬▬ ▬▬ ▬▬▬ ▬ ▬▬▬▬ ▬▬ ▬▬ ▬▬▬ ▬ ▬▬▬▬ ▬▬ ▬▬ ▬▬▬ ▬ ▬▬▬▬ ▬▬ ▬▬ ▬▬▬ ▬ ▬▬▬▬ ▬▬ ▬▬ ▬▬▬ ▬ ▬▬▬▬ ▬▬ ▬▬ ▬▬▬ ▬ ▬▬▬▬ ▬▬ ▬▬ ▬▬▬ ▬ ▬▬▬▬ ▬▬ ▬▬ ▬▬▬ ▬ ▬▬▬▬ ▬▬ ▬▬
GREAT SALE OF LAND.
▬▬ ▬▬▬ ▬ ▬▬▬▬ ▬▬ ▬▬ ▬▬▬ ▬ ▬▬▬▬ ▬▬ ▬▬ ▬▬▬ ▬ ▬▬▬▬ ▬▬ ▬▬ ▬▬▬ ▬ ▬▬▬▬ ▬▬ ▬▬ ▬▬▬ ▬ ▬▬▬▬ ▬▬ ▬▬ ▬▬▬ ▬ ▬▬▬▬ ▬▬ ▬▬ ▬▬▬ ▬ ▬▬▬▬ ▬▬ ▬▬ ▬▬▬ ▬ ▬▬▬▬ ▬▬ ▬▬ ▬▬▬ ▬ ▬▬▬▬ ▬▬ ▬▬ ▬▬▬ ▬ ▬▬▬▬ ▬▬ ▬▬ ▬▬▬ ▬ ▬▬▬▬ ▬▬ ▬▬ ▬▬▬ ▬ ▬▬▬▬ ▬▬ ▬▬ ▬▬▬ ▬ ▬▬▬▬ ▬▬ ▬▬ ▬▬▬ ▬ ▬▬▬▬ ▬▬ ▬▬ ▬▬▬ ▬ ▬▬▬▬ ▬▬ ▬▬ ▬▬▬ ▬ ▬▬▬▬ ▬▬ ▬▬ ▬▬▬ ▬ ▬▬▬▬ ▬▬ ▬▬ ▬▬▬ ▬ ▬▬▬▬ ▬▬ ▬▬ ▬▬▬ ▬ ▬▬▬▬ ▬▬ ▬▬ ▬▬▬ ▬ ▬▬▬▬ ▬▬ ▬▬ ▬▬▬ ▬ ▬▬▬▬ ▬▬ ▬▬ ▬▬▬ ▬ ▬▬▬▬ ▬▬ ▬▬ ▬▬▬ ▬ ▬▬▬▬ ▬▬ ▬▬ ▬▬▬ ▬ ▬▬▬▬ ▬▬ ▬▬ ▬▬▬ ▬ ▬▬▬▬ ▬▬ ▬▬ ▬▬▬ ▬ ▬▬▬▬ ▬▬ ▬▬ ▬▬▬ ▬ ▬▬▬▬ ▬▬ ▬▬ ▬▬▬ ▬ ▬▬▬▬ ▬▬ ▬▬ ▬▬▬ ▬ ▬▬▬▬ ▬▬ ▬▬ ▬▬▬ ▬ ▬▬▬▬ ▬▬ ▬▬ ▬▬▬ ▬
REAPERS AND BINDERS.
▬▬ ▬▬▬ ▬ ▬▬▬▬ ▬▬ ▬▬ ▬▬▬ ▬ ▬▬▬▬ ▬▬ ▬▬ ▬▬▬ ▬ ▬▬▬▬ ▬▬ ▬▬ ▬▬▬ ▬ ▬▬▬▬ ▬▬ ▬▬ ▬▬▬ ▬ ▬▬▬▬ ▬▬ ▬▬ ▬▬▬ ▬ ▬▬▬▬ ▬▬ ▬▬ ▬▬▬ ▬ ▬▬▬▬ ▬▬ ▬▬ ▬▬▬ ▬ ▬▬▬▬ ▬▬ ▬▬ ▬▬▬ ▬ ▬▬▬▬ ▬▬ ▬▬ ▬▬▬ ▬ ▬▬▬▬ ▬▬ ▬▬ ▬▬▬ ▬ ▬▬▬▬ ▬▬ ▬▬ ▬▬▬ ▬ ▬▬▬▬ ▬▬ ▬▬ ▬▬▬ ▬ ▬▬▬▬ ▬▬ ▬▬ ▬▬▬ ▬ ▬▬▬▬ ▬▬ ▬▬ ▬▬▬ ▬ ▬▬▬▬ ▬▬ ▬▬ ▬▬▬ ▬ ▬▬▬▬ ▬▬ ▬▬ ▬▬▬ ▬ ▬▬▬▬ ▬▬ ▬▬ ▬▬▬ ▬ ▬▬▬▬ ▬▬ ▬▬ ▬▬▬ ▬ ▬▬▬▬ ▬▬ ▬▬ ▬▬▬ ▬ ▬▬▬▬ ▬▬ ▬▬ ▬▬▬ ▬
THE COLONIAL INSURANCE COMPANY OF NEW ZEALAND, FIRE AND MARINE.
NOTICE.
▬▬ ▬▬▬ ▬ ▬▬▬▬ ▬▬ ▬▬ ▬▬▬ ▬ ▬▬▬▬ ▬▬ ▬▬ ▬▬▬ ▬ ▬▬▬▬ ▬▬ ▬▬ ▬▬▬ ▬ ▬▬▬▬ ▬▬ ▬▬ ▬▬▬ ▬ ▬▬▬▬ ▬▬ ▬▬ ▬▬▬ ▬ ▬▬▬▬ ▬▬ ▬▬ ▬▬▬ ▬ ▬▬▬▬ ▬▬ ▬▬ ▬▬▬ ▬ ▬▬▬▬ ▬▬ ▬▬ ▬▬▬ ▬ ▬▬▬▬ ▬▬ ▬▬ ▬▬▬ ▬ ▬▬▬▬ ▬▬ ▬▬ ▬▬▬ ▬ ▬▬▬▬ ▬▬ ▬▬ ▬▬▬ ▬ ▬▬▬▬ ▬▬ ▬▬ ▬▬▬ ▬ ▬▬▬▬ ▬▬ ▬▬ ▬▬▬ ▬ ▬▬▬▬ ▬▬ ▬▬ ▬▬▬ ▬ ▬▬▬▬ ▬▬ ▬▬ ▬▬▬ ▬ ▬▬▬▬ ▬▬ ▬▬ ▬▬▬ ▬ ▬▬▬▬ ▬▬ ▬▬ ▬▬▬ ▬ ▬▬▬▬ ▬▬ ▬▬ ▬▬▬ ▬ ▬▬▬▬ ▬▬ ▬▬ ▬▬▬ ▬ ▬▬▬▬ ▬▬ ▬▬ ▬▬▬ ▬ ▬▬▬▬ ▬▬ ▬▬ ▬▬▬ ▬ ▬▬▬▬ ▬▬ ▬▬ ▬▬▬ ▬ ▬▬▬▬ ▬▬ ▬▬ ▬▬▬ ▬ ▬▬▬▬ ▬▬ ▬▬ ▬▬▬ ▬ ▬▬▬▬ ▬▬ ▬▬ ▬▬▬ ▬ ▬▬▬▬ ▬▬ ▬▬ ▬▬▬ ▬ ▬▬▬▬ ▬▬ ▬▬ ▬▬▬ ▬ ▬▬▬▬ ▬▬ ▬▬ ▬▬▬ ▬ ▬▬▬▬ ▬▬ ▬▬ ▬▬▬ ▬ ▬▬▬▬ ▬▬ ▬▬ ▬▬▬ ▬ ▬▬▬▬ ▬▬ ▬▬ ▬▬▬ ▬ ▬▬▬▬ ▬▬ ▬▬ ▬▬▬ ▬ ▬▬▬▬ ▬▬ ▬▬ ▬▬▬ ▬ ▬▬▬▬ ▬▬ ▬▬ ▬▬▬ ▬ ▬▬▬▬ ▬▬ ▬▬ ▬▬▬ ▬ ▬▬▬▬ ▬▬ ▬▬ ▬▬▬ ▬ ▬▬▬▬ ▬▬ ▬▬ ▬▬▬ ▬ ▬▬▬▬ ▬▬ ▬▬ ▬▬▬ ▬
WOOL, TALLOW, AND PRODUCE.
▬▬ ▬▬▬ ▬ ▬▬▬▬ ▬▬ ▬▬ ▬▬▬ ▬ ▬▬▬▬ ▬▬ ▬▬ ▬▬▬ ▬ ▬▬▬▬ ▬▬ ▬▬ ▬▬▬ ▬ ▬▬▬▬ ▬▬ ▬▬ ▬▬▬ ▬ ▬▬▬▬ ▬▬ ▬▬ ▬▬▬ ▬ ▬▬▬▬ ▬▬ ▬▬ ▬▬▬ ▬ ▬▬▬▬ ▬▬ ▬▬ ▬▬▬ ▬ ▬▬▬▬ ▬▬ ▬▬ ▬▬▬ ▬ ▬▬▬▬ ▬▬ ▬▬ ▬▬▬ ▬ ▬▬▬▬ ▬▬ ▬▬ ▬▬▬ ▬ ▬▬▬▬ ▬▬ ▬▬ ▬▬▬ ▬ ▬▬▬▬ ▬▬ ▬▬ ▬▬▬ ▬
NATIONAL INSURANCE COMPANY.
▬▬ ▬▬▬ ▬ ▬▬▬▬ ▬▬ ▬▬ ▬▬▬ ▬ ▬▬▬▬ ▬▬ ▬▬ ▬▬▬ ▬ ▬▬▬▬ ▬▬ ▬▬ ▬▬▬ ▬ ▬▬▬▬ ▬▬ ▬▬ ▬▬▬ ▬ ▬▬▬▬ ▬▬ ▬▬ ▬▬▬ ▬ ▬▬▬▬ ▬▬ ▬▬ ▬▬▬ ▬ ▬▬▬▬ ▬▬ ▬▬ ▬▬▬ ▬ ▬▬▬▬ ▬▬ ▬▬ ▬▬▬ ▬ ▬▬▬▬ ▬▬ ▬▬ ▬▬▬ ▬ ▬▬▬▬ ▬▬ ▬▬ ▬▬▬ ▬ ▬▬▬▬ ▬▬ ▬▬ ▬▬▬ ▬ ▬▬▬▬ ▬▬ ▬▬ ▬▬▬ ▬ ▬▬▬▬ ▬▬ ▬▬ ▬▬▬ ▬ ▬▬▬▬ ▬▬ ▬▬ ▬▬▬ ▬ ▬▬▬▬ ▬▬ ▬▬ ▬▬▬ ▬ ▬▬▬▬ ▬▬ ▬▬ ▬▬▬ ▬ ▬▬▬▬ ▬▬ ▬▬ ▬▬▬ ▬ ▬▬▬▬ ▬▬ ▬▬ ▬▬▬ ▬ ▬▬▬▬ ▬▬ ▬▬ ▬▬▬ ▬ ▬▬▬▬ ▬▬ ▬▬ ▬▬▬ ▬ ▬▬▬▬ ▬▬ ▬▬ ▬▬▬ ▬ ▬▬▬▬ ▬▬ ▬▬ ▬▬▬ ▬ ▬▬▬▬ ▬▬ ▬▬ ▬▬▬ ▬ ▬▬▬▬ ▬▬ ▬▬ ▬▬▬ ▬ ▬▬▬▬ ▬▬ ▬▬ ▬▬▬ ▬ ▬▬▬▬ ▬▬ ▬▬ ▬▬▬ ▬ ▬▬▬▬ ▬▬ ▬▬ ▬▬▬ ▬ ▬▬▬▬ ▬▬ ▬▬ ▬▬▬ ▬ ▬▬▬▬ ▬▬ ▬▬ ▬▬▬ ▬ ▬▬▬▬ ▬▬ ▬▬ ▬▬▬ ▬
UNION INSURANCE COMPANY
▬▬ ▬▬▬ ▬ ▬▬▬▬ ▬▬ ▬▬ ▬▬▬ ▬ ▬▬▬▬ ▬▬ ▬▬ ▬▬▬ ▬ ▬▬▬▬ ▬▬ ▬▬ ▬▬▬ ▬ ▬▬▬▬ ▬▬ ▬▬ ▬▬▬ ▬ ▬▬▬▬ ▬▬ ▬▬ ▬▬▬ ▬ ▬▬▬▬ ▬▬ ▬▬ ▬▬▬ ▬ ▬▬▬▬ ▬▬ ▬▬ ▬▬▬ ▬ ▬▬▬▬ ▬▬ ▬▬ ▬▬▬ ▬ ▬▬▬▬ ▬▬ ▬▬ ▬▬▬ ▬ ▬▬▬▬ ▬▬ ▬▬ ▬▬▬ ▬ ▬▬▬▬ ▬▬ ▬▬ ▬▬▬ ▬ ▬▬▬▬ ▬▬ ▬▬ ▬▬▬ ▬ ▬▬▬▬ ▬▬ ▬▬ ▬▬▬ ▬ ▬▬▬▬ ▬▬ ▬▬ ▬▬▬ ▬ ▬▬▬▬ ▬▬ ▬▬ ▬▬▬ ▬ ▬▬▬▬ ▬▬ ▬▬ ▬▬▬ ▬ ▬▬▬▬ ▬▬ ▬▬ ▬▬▬ ▬ ▬▬▬▬ ▬▬ ▬▬ ▬▬▬ ▬ ▬▬▬▬ ▬▬ ▬▬ ▬▬▬ ▬ ▬▬▬▬ ▬▬ ▬▬ ▬▬▬ ▬ ▬▬▬▬ ▬▬ ▬▬ ▬▬▬ ▬ ▬▬▬▬ ▬▬ ▬▬ ▬▬▬ ▬ ▬▬▬▬ ▬▬ ▬▬ ▬▬▬ ▬ ▬▬▬▬ ▬▬ ▬▬ ▬▬▬ ▬ ▬▬▬▬ ▬▬ ▬▬ ▬▬▬ ▬ ▬▬▬▬ ▬▬ ▬▬ ▬▬▬ ▬ ▬▬▬▬ ▬▬ ▬▬ ▬▬▬ ▬ ▬▬▬▬ ▬▬ ▬▬ ▬▬▬ ▬ ▬▬▬▬ ▬▬ ▬▬ ▬▬▬ ▬ ▬▬▬▬ ▬▬ ▬▬ ▬▬▬ ▬ ▬▬▬▬ ▬▬ ▬▬ ▬▬▬ ▬ ▬▬▬▬ ▬▬ ▬▬ ▬▬▬ ▬
NEW ZEALAND INSURANCE COMPANY.
▬▬ ▬▬▬ ▬ ▬▬▬▬ ▬▬ ▬▬ ▬▬▬ ▬ ▬▬▬▬ ▬▬ ▬▬ ▬▬▬ ▬ ▬▬▬▬ ▬▬ ▬▬ ▬▬▬ ▬ ▬▬▬▬ ▬▬ ▬▬ ▬▬▬ ▬ ▬▬▬▬ ▬▬ ▬▬ ▬▬▬ ▬ ▬▬▬▬ ▬▬ ▬▬ ▬▬▬ ▬ ▬▬▬▬ ▬▬ ▬▬ ▬▬▬ ▬ ▬▬▬▬ ▬▬ ▬▬ ▬▬▬ ▬ ▬▬▬▬ ▬▬ ▬▬ ▬▬▬ ▬ ▬▬▬▬ ▬▬ ▬▬ ▬▬▬ ▬ ▬▬▬▬ ▬▬ ▬▬ ▬▬▬ ▬ ▬▬▬▬ ▬▬ ▬▬ ▬▬▬ ▬ ▬▬▬▬ ▬▬ ▬▬ ▬▬▬ ▬ ▬▬▬▬ ▬▬ ▬▬ ▬▬▬ ▬ ▬▬▬▬ ▬▬ ▬▬ ▬▬▬ ▬ ▬▬▬▬ ▬▬ ▬▬ ▬▬▬ ▬ ▬▬▬▬ ▬▬ ▬▬ ▬▬▬ ▬ ▬▬▬▬ ▬▬ ▬▬ ▬▬▬ ▬ ▬▬▬▬ ▬▬ ▬▬ ▬▬▬ ▬ ▬▬▬▬ ▬▬ ▬▬ ▬▬▬ ▬ ▬▬▬▬ ▬▬ ▬▬ ▬▬▬ ▬ ▬▬▬▬ ▬▬ ▬▬ ▬▬▬ ▬
SUN FIRE OFFICE, LONDON.
▬▬ ▬▬▬ ▬ ▬▬▬▬ ▬▬ ▬▬ ▬▬▬ ▬ ▬▬▬▬ ▬▬ ▬▬ ▬▬▬ ▬ ▬▬▬▬ ▬▬ ▬▬ ▬▬▬ ▬ ▬▬▬▬ ▬▬ ▬▬ ▬▬▬ ▬ ▬▬▬▬ ▬▬ ▬▬ ▬▬▬ ▬ ▬▬▬▬ ▬▬ ▬▬ ▬▬▬ ▬ ▬▬▬▬ ▬▬ ▬▬ ▬▬▬ ▬ ▬▬▬▬ ▬▬ ▬▬ ▬▬▬ ▬ ▬▬▬▬ ▬▬ ▬▬ ▬▬▬ ▬ ▬▬▬▬ ▬▬ ▬▬ ▬▬▬ ▬ ▬▬▬▬ ▬▬ ▬▬ ▬▬▬ ▬ ▬▬▬▬ ▬▬ ▬▬ ▬▬▬ ▬ ▬▬▬▬ ▬▬ ▬▬ ▬▬▬ ▬ ▬▬▬▬ ▬▬ ▬▬ ▬▬▬ ▬
The New Zealand Times
TUESDAY, APRIL 30, 1878.
▬▬ ▬▬▬ ▬ ▬▬▬▬ ▬▬ ▬▬ ▬▬▬ ▬ ▬▬▬▬ ▬▬ ▬▬ ▬▬▬ ▬ ▬▬▬▬ ▬▬ ▬▬ ▬▬▬ ▬ ▬▬▬▬ ▬▬ ▬▬ ▬▬▬ ▬ ▬▬▬▬ ▬▬ ▬▬ ▬▬▬ ▬ ▬▬▬▬ ▬▬ ▬▬ ▬▬▬ ▬ ▬▬▬▬ ▬▬ ▬▬ ▬▬▬ ▬ ▬▬▬▬ ▬▬ ▬▬ ▬▬▬ ▬ ▬▬▬▬ ▬▬ ▬▬ ▬▬▬ ▬ ▬▬▬▬ ▬▬ ▬▬ ▬▬▬ ▬ ▬▬▬▬ ▬▬ ▬▬ ▬▬▬ ▬ ▬▬▬▬ ▬▬ ▬▬ ▬▬▬ ▬ ▬▬▬▬ ▬▬ ▬▬ ▬▬▬ ▬ ▬▬▬▬ ▬▬ ▬▬ ▬▬▬ ▬ ▬▬▬▬ ▬▬ ▬▬ ▬▬▬ ▬ ▬▬▬▬ ▬▬ ▬▬ ▬▬▬ ▬ ▬▬▬▬ ▬▬ ▬▬ ▬▬▬ ▬ ▬▬▬▬ ▬▬ ▬▬ ▬▬▬ ▬ ▬▬▬▬ ▬▬ ▬▬ ▬▬▬ ▬ ▬▬▬▬ ▬▬ ▬▬ ▬▬▬ ▬ ▬▬▬▬ ▬▬ ▬▬ ▬▬▬ ▬ ▬▬▬▬ ▬▬ ▬▬ ▬▬▬ ▬ ▬▬▬▬ ▬▬ ▬▬ ▬▬▬ ▬ ▬▬▬▬ ▬▬ ▬▬ ▬▬▬ ▬ ▬▬▬▬ ▬▬ ▬▬ ▬▬▬ ▬ ▬▬▬▬ ▬▬ ▬▬ ▬▬▬ ▬ ▬▬▬▬ ▬▬ ▬▬ ▬▬▬ ▬ ▬▬▬▬ ▬▬ ▬▬ ▬▬▬ ▬ ▬▬▬▬ ▬▬ ▬▬ ▬▬▬ ▬ ▬▬▬▬ ▬▬ ▬▬ ▬▬▬ ▬ ▬▬▬▬ ▬▬ ▬▬ ▬▬▬ ▬ ▬▬▬▬ ▬▬ ▬▬ ▬▬▬ ▬ ▬▬▬▬ ▬▬ ▬▬ ▬▬▬ ▬ ▬▬▬▬ ▬▬ ▬▬ ▬▬▬ ▬ ▬▬▬▬ ▬▬ ▬▬ ▬▬▬ ▬ ▬▬▬▬ ▬▬ ▬▬ ▬▬▬ ▬ ▬▬▬▬ ▬▬ ▬▬ ▬▬▬ ▬ ▬▬▬▬ ▬▬ ▬▬ ▬▬▬ ▬ ▬▬▬▬ ▬▬ ▬▬ ▬▬▬ ▬ ▬▬▬▬ ▬▬ ▬▬ ▬▬▬ ▬ ▬▬▬▬ ▬▬ ▬▬ ▬▬▬ ▬ ▬▬▬▬ ▬▬ ▬▬ ▬▬▬ ▬ ▬▬▬▬ ▬▬ ▬▬ ▬▬▬ ▬ ▬▬▬▬ ▬▬ ▬▬ ▬▬▬ ▬ ▬▬▬▬ ▬▬ ▬▬ ▬▬▬ ▬ ▬▬▬▬ ▬▬ ▬▬ ▬▬▬ ▬ ▬▬▬▬ ▬▬ ▬▬ ▬▬▬ ▬ ▬▬▬▬
▬▬ ▬▬▬ ▬ ▬▬▬▬ ▬▬ ▬▬ ▬▬▬ ▬ ▬▬▬▬ ▬▬ ▬▬ ▬▬▬ ▬ ▬▬▬▬ ▬▬ ▬▬ ▬▬▬ ▬ ▬▬▬▬ ▬▬ ▬▬ ▬▬▬ ▬ ▬▬▬▬ ▬▬ ▬▬ ▬▬▬ ▬ ▬▬▬▬ ▬▬ ▬▬ ▬▬▬ ▬ ▬▬▬▬ ▬▬ ▬▬ ▬▬▬ ▬ ▬▬▬▬ ▬▬ ▬▬ ▬▬▬ ▬ ▬▬▬▬ ▬▬ ▬▬ ▬▬▬ ▬ ▬▬▬▬ ▬▬ ▬▬ ▬▬▬ ▬ ▬▬▬▬ ▬▬ ▬▬ ▬▬▬ ▬ ▬▬▬▬ ▬▬ ▬▬ ▬▬▬ ▬ ▬▬▬▬ ▬▬ ▬▬ ▬▬▬ ▬ ▬▬▬▬ ▬▬ ▬▬ ▬▬▬ ▬ ▬▬▬▬ ▬▬ ▬▬ ▬▬▬ ▬ ▬▬▬▬ ▬▬ ▬▬ ▬▬▬ ▬ ▬▬▬▬ ▬▬ ▬▬ ▬▬▬ ▬ ▬▬▬▬ ▬▬ ▬▬ ▬▬▬ ▬ ▬▬▬▬ ▬▬ ▬▬ ▬▬▬ ▬ ▬▬▬▬ ▬▬ ▬▬ ▬▬▬ ▬ ▬▬▬▬ ▬▬ ▬▬ ▬▬▬ ▬ ▬▬▬▬ ▬▬ ▬▬ ▬▬▬ ▬ ▬▬▬▬ ▬▬ ▬▬ ▬▬▬ ▬ ▬▬▬▬ ▬▬ ▬▬ ▬▬▬ ▬ ▬▬▬▬ ▬▬ ▬▬ ▬▬▬ ▬ ▬▬▬▬ ▬▬ ▬▬ ▬▬▬ ▬ ▬▬▬▬ ▬▬ ▬▬ ▬▬▬ ▬ ▬▬▬▬ ▬▬ ▬▬ ▬▬▬ ▬ ▬▬▬▬ ▬▬ ▬▬ ▬▬▬ ▬ ▬▬▬▬ ▬▬ ▬▬ ▬▬▬ ▬ ▬▬▬▬ ▬▬ ▬▬ ▬▬▬ ▬ ▬▬▬▬ ▬▬ ▬▬ ▬▬▬ ▬ ▬▬▬▬ ▬▬ ▬▬ ▬▬▬ ▬ ▬▬▬▬ ▬▬ ▬▬ ▬▬▬ ▬ ▬▬▬▬ ▬▬ ▬▬ ▬▬▬ ▬ ▬▬▬▬ ▬▬ ▬▬ ▬▬▬ ▬ ▬▬▬▬ ▬▬ ▬▬ ▬▬▬ ▬ ▬▬▬▬ ▬▬ ▬▬ ▬▬▬ ▬ ▬▬▬▬ ▬▬ ▬▬ ▬▬▬ ▬ ▬▬▬▬ ▬▬ ▬▬ ▬▬▬ ▬ ▬▬▬▬ ▬▬ ▬▬ ▬▬▬ ▬ ▬▬▬▬ ▬▬ ▬▬ ▬▬▬ ▬ ▬▬▬▬ ▬▬ ▬▬ ▬▬▬ ▬ ▬▬▬▬ ▬▬ ▬▬ ▬▬▬ ▬ ▬▬▬▬ ▬▬ ▬▬
▬▬ ▬▬▬ ▬ ▬▬▬▬ ▬▬ ▬▬ ▬▬▬ ▬ ▬▬▬▬ ▬▬ ▬▬ ▬▬▬ ▬ ▬▬▬▬ ▬▬ ▬▬ ▬▬▬ ▬ ▬▬▬▬ ▬▬ ▬▬ ▬▬▬ ▬ ▬▬▬▬ ▬▬ ▬▬ ▬▬▬ ▬ ▬▬▬▬ ▬▬ ▬▬ ▬▬▬ ▬ ▬▬▬▬ ▬▬ ▬▬ ▬▬▬ ▬ ▬▬▬▬ ▬▬ ▬▬ ▬▬▬ ▬ ▬▬▬▬ ▬▬ ▬▬ ▬▬▬ ▬ ▬▬▬▬ ▬▬ ▬▬ ▬▬▬ ▬ ▬▬▬▬ ▬▬ ▬▬ ▬▬▬ ▬ ▬▬▬▬ ▬▬ ▬▬ ▬▬▬ ▬ ▬▬▬▬ ▬▬ ▬▬ ▬▬▬ ▬ ▬▬▬▬ ▬▬ ▬▬ ▬▬▬ ▬ ▬▬▬▬ ▬▬ ▬▬ ▬▬▬ ▬ ▬▬▬▬ ▬▬ ▬▬ ▬▬▬ ▬ ▬▬▬▬ ▬▬ ▬▬ ▬▬▬ ▬ ▬▬▬▬ ▬▬ ▬▬ ▬▬▬ ▬ ▬▬▬▬ ▬▬ ▬▬ ▬▬▬ ▬ ▬▬▬▬ ▬▬ ▬▬ ▬▬▬ ▬ ▬▬▬▬ ▬▬ ▬▬ ▬▬▬ ▬ ▬▬▬▬ ▬▬ ▬▬ ▬▬▬ ▬ ▬▬▬▬ ▬▬ ▬▬ ▬▬▬ ▬ ▬▬▬▬ ▬▬ ▬▬ ▬▬▬ ▬ ▬▬▬▬ ▬▬ ▬▬ ▬▬▬ ▬ ▬▬▬▬ ▬▬ ▬▬ ▬▬▬ ▬ ▬▬▬▬ ▬▬ ▬▬ ▬▬▬ ▬ ▬▬▬▬ ▬▬ ▬▬ ▬▬▬ ▬ ▬▬▬▬ ▬▬ ▬▬
NEWS BY CABLE.
▬▬ ▬▬▬ ▬ ▬▬▬▬ ▬▬ ▬▬ ▬▬▬ ▬ ▬▬▬▬ ▬▬ ▬▬ ▬▬▬ ▬ ▬▬▬▬ ▬▬ ▬▬ ▬▬▬ ▬ ▬▬▬▬ ▬▬ ▬▬ ▬▬▬ ▬ ▬▬▬▬ ▬▬ ▬▬ ▬▬▬ ▬ ▬▬▬▬ ▬▬ ▬▬ ▬▬▬ ▬ ▬▬▬▬ ▬▬ ▬▬ ▬▬▬ ▬ ▬▬▬▬ ▬▬ ▬▬ ▬▬▬ ▬ ▬▬▬▬ ▬▬ ▬▬ ▬▬▬ ▬ ▬▬▬▬ ▬▬ ▬▬ ▬▬▬ ▬ ▬▬▬▬ ▬▬ ▬▬ ▬▬▬ ▬ ▬▬▬▬ ▬▬ ▬▬ ▬▬▬ ▬ ▬▬▬▬ ▬▬ ▬▬ ▬▬▬ ▬ ▬▬▬▬ ▬▬ ▬▬ ▬▬▬ ▬ ▬▬▬▬ ▬▬ ▬▬ ▬▬▬ ▬ ▬▬▬▬ ▬▬ ▬▬ ▬▬▬ ▬ ▬▬▬▬ ▬▬ ▬▬ ▬▬▬ ▬ ▬▬▬▬ ▬▬ ▬▬ ▬▬▬ ▬ ▬▬▬▬ ▬▬ ▬▬ ▬▬▬ ▬ ▬▬▬▬ ▬▬ ▬▬ ▬▬▬ ▬ ▬▬▬▬ ▬▬ ▬▬ ▬▬▬ ▬ ▬▬▬▬ ▬▬ ▬▬ ▬▬▬ ▬ ▬▬▬▬ ▬▬ ▬▬ ▬▬▬ ▬ ▬▬▬▬ ▬▬ ▬▬ ▬▬▬ ▬ ▬▬▬▬ ▬▬ ▬▬ ▬▬▬ ▬ ▬▬▬▬ ▬▬ ▬▬ ▬▬▬ ▬ ▬▬▬▬ ▬▬ ▬▬ ▬▬▬ ▬ ▬▬▬▬ ▬▬ ▬▬ ▬▬▬ ▬ ▬▬▬▬ ▬▬ ▬▬ ▬▬▬ ▬ ▬▬▬▬ ▬▬ ▬▬ ▬▬▬ ▬ ▬▬▬▬ ▬▬ ▬▬ ▬▬▬ ▬ ▬▬▬▬ ▬▬ ▬▬ ▬▬▬ ▬ ▬▬▬▬ ▬▬ ▬▬ ▬▬▬ ▬ ▬▬▬▬ ▬▬ ▬▬ ▬▬▬ ▬ ▬▬▬▬ ▬▬ ▬▬ ▬▬▬ ▬ ▬▬▬▬ ▬▬ ▬▬ ▬▬▬ ▬ ▬▬▬▬ ▬▬ ▬▬ ▬▬▬ ▬ ▬▬▬▬ ▬▬ ▬▬ ▬▬▬ ▬ ▬▬▬▬ ▬▬ ▬▬ ▬▬▬ ▬ ▬▬▬▬
SPECIAL TELEGRAM.
▬▬ ▬▬▬ ▬ ▬▬▬▬ ▬▬ ▬▬ ▬▬▬ ▬ ▬▬▬▬ ▬▬ ▬▬ ▬▬▬ ▬ ▬▬▬▬ ▬▬ ▬▬ ▬▬▬ ▬ ▬▬▬▬ ▬▬ ▬▬ ▬▬▬ ▬ ▬▬▬▬ ▬▬ ▬▬ ▬▬▬ ▬ ▬▬▬▬ ▬▬ ▬▬ ▬▬▬ ▬ ▬▬▬▬ ▬▬ ▬▬ ▬▬▬ ▬ ▬▬▬▬ ▬▬ ▬▬ ▬▬▬ ▬ ▬▬▬▬ ▬▬ ▬▬ ▬▬▬ ▬ ▬▬▬▬ ▬▬ ▬▬ ▬▬▬ ▬ ▬▬▬▬ ▬▬ ▬▬ ▬▬▬ ▬ ▬▬▬▬ ▬▬ ▬▬ ▬▬▬ ▬ ▬▬▬▬ ▬▬ ▬▬
AUSTRALIAN NEWS.
▬▬ ▬▬▬ ▬ ▬▬▬▬ ▬▬ ▬▬ ▬▬▬ ▬ ▬▬▬▬ ▬▬ ▬▬ ▬▬▬ ▬ ▬▬▬▬ ▬▬ ▬▬ ▬▬▬ ▬ ▬▬▬▬ ▬▬ ▬▬ ▬▬▬ ▬ ▬▬▬▬ ▬▬ ▬▬ ▬▬▬ ▬ ▬▬▬▬ ▬▬ ▬▬ ▬▬▬ ▬ ▬▬▬▬ ▬▬ ▬▬ ▬▬▬ ▬ ▬▬▬▬ ▬▬ ▬▬ ▬▬▬ ▬ ▬▬▬▬ ▬▬ ▬▬ ▬▬▬ ▬ ▬▬▬▬ ▬▬ ▬▬ ▬▬▬ ▬ ▬▬▬▬ ▬▬ ▬▬ ▬▬▬ ▬ ▬▬▬▬ ▬▬ ▬▬ ▬▬▬ ▬ ▬▬▬▬ ▬▬ ▬▬ ▬▬▬ ▬ ▬▬▬▬ ▬▬ ▬▬ ▬▬▬ ▬ ▬▬▬▬ ▬▬ ▬▬ ▬▬▬ ▬ ▬▬▬▬ ▬▬ ▬▬ ▬▬▬ ▬ ▬▬▬▬ ▬▬ ▬▬ ▬▬▬ ▬ ▬▬▬▬ ▬▬ ▬▬ ▬▬▬ ▬ ▬▬▬▬ ▬▬ ▬▬ ▬▬▬ ▬ ▬▬▬▬ ▬▬ ▬▬ ▬▬▬ ▬ ▬▬▬▬ ▬▬ ▬▬ ▬▬▬ ▬ ▬▬▬▬ ▬▬ ▬▬ ▬▬▬ ▬ ▬▬▬▬ ▬▬ ▬▬ ▬▬▬ ▬ ▬▬▬▬
TELEGRAPHIC NEWS.
▬▬ ▬▬▬ ▬ ▬▬▬▬ ▬▬ ▬▬ ▬▬▬ ▬ ▬▬▬▬ ▬▬ ▬▬ ▬▬▬ ▬ ▬▬▬▬ ▬▬ ▬▬ ▬▬▬ ▬ ▬▬▬▬ ▬▬ ▬▬ ▬▬▬ ▬ ▬▬▬▬ ▬▬ ▬▬ ▬▬▬ ▬ ▬▬▬▬ ▬▬ ▬▬ ▬▬▬ ▬ ▬▬▬▬ ▬▬ ▬▬ ▬▬▬ ▬ ▬▬▬▬ ▬▬ ▬▬ ▬▬▬ ▬ ▬▬▬▬ ▬▬ ▬▬ ▬▬▬ ▬ ▬▬▬▬ ▬▬ ▬▬ ▬▬▬ ▬ ▬▬▬▬ ▬▬ ▬▬ ▬▬▬ ▬ ▬▬▬▬ ▬▬ ▬▬ ▬▬▬ ▬ ▬▬▬▬ ▬▬ ▬▬ ▬▬▬ ▬ ▬▬▬▬ ▬▬ ▬▬ ▬▬▬ ▬ ▬▬▬▬ ▬▬ ▬▬ ▬▬▬ ▬ ▬▬▬▬ ▬▬ ▬▬ ▬▬▬ ▬ ▬▬▬▬ ▬▬ ▬▬ ▬▬▬ ▬ ▬▬▬▬ ▬▬ ▬▬ ▬▬▬ ▬ ▬▬▬▬ ▬▬ ▬▬ ▬▬▬ ▬ ▬▬▬▬ ▬▬ ▬▬ ▬▬▬ ▬ ▬▬▬▬ ▬▬ ▬▬ ▬▬▬ ▬ ▬▬▬▬ ▬▬ ▬▬ ▬▬▬ ▬ ▬▬▬▬ ▬▬ ▬▬ ▬▬▬ ▬ ▬▬▬▬ ▬▬ ▬▬ ▬▬▬ ▬ ▬▬▬▬ ▬▬ ▬▬ ▬▬▬ ▬ ▬▬▬▬ ▬▬ ▬▬ ▬▬▬ ▬ ▬▬▬▬ ▬▬ ▬▬ ▬▬▬ ▬ ▬▬▬▬ ▬▬ ▬▬ ▬▬▬ ▬ ▬▬▬▬ ▬▬ ▬▬ ▬▬▬ ▬ ▬▬▬▬ ▬▬ ▬▬ ▬▬▬ ▬ ▬▬▬▬ ▬▬ ▬▬ ▬▬▬ ▬ ▬▬▬▬ ▬▬ ▬▬ ▬▬▬ ▬ ▬▬▬▬ ▬▬ ▬▬ ▬▬▬ ▬ ▬▬▬▬ ▬▬ ▬▬ ▬▬▬ ▬ ▬▬▬▬ ▬▬ ▬▬ ▬▬▬ ▬ ▬▬▬▬ ▬▬ ▬▬ ▬▬▬ ▬ ▬▬▬▬ ▬▬ ▬▬ ▬▬▬ ▬ ▬▬▬▬ ▬▬ ▬▬ ▬▬▬ ▬ ▬▬▬▬ ▬▬ ▬▬ ▬▬▬ ▬ ▬▬▬▬ ▬▬ ▬▬ ▬▬▬ ▬ ▬▬▬▬ ▬▬ ▬▬ ▬▬▬ ▬ ▬▬▬▬ ▬▬ ▬▬ ▬▬▬ ▬ ▬▬▬▬ ▬▬ ▬▬ ▬▬▬ ▬ ▬▬▬▬ ▬▬ ▬▬ ▬▬▬ ▬ ▬▬▬▬ ▬▬ ▬▬ ▬▬▬ ▬ ▬▬▬▬ ▬▬ ▬▬ ▬▬▬ ▬ ▬▬▬▬ ▬▬ ▬▬ ▬▬▬ ▬ ▬▬▬▬ ▬▬ ▬▬ ▬▬▬ ▬ ▬▬▬▬ ▬▬ ▬▬ ▬▬▬ ▬ ▬▬▬▬ ▬▬ ▬▬ ▬▬▬ ▬
COLLISION AT THE WHARF.
▬▬ ▬▬▬ ▬ ▬▬▬▬ ▬▬ ▬▬ ▬▬▬ ▬ ▬▬▬▬ ▬▬ ▬▬ ▬▬▬ ▬ ▬▬▬▬ ▬▬ ▬▬ ▬▬▬ ▬ ▬▬▬▬ ▬▬ ▬▬ ▬▬▬ ▬ ▬▬▬▬ ▬▬ ▬▬ ▬▬▬ ▬ ▬▬▬▬ ▬▬ ▬▬ ▬▬▬ ▬ ▬▬▬▬ ▬▬ ▬▬ ▬▬▬ ▬ ▬▬▬▬ ▬▬ ▬▬ ▬▬▬ ▬ ▬▬▬▬ ▬▬ ▬▬ ▬▬▬ ▬ ▬▬▬▬ ▬▬ ▬▬ ▬▬▬ ▬ ▬▬▬▬ ▬▬ ▬▬ ▬▬▬ ▬ ▬▬▬▬ ▬▬ ▬▬ ▬▬▬ ▬ ▬▬▬▬ ▬▬ ▬▬ ▬▬▬ ▬ ▬▬▬▬ ▬▬ ▬▬ ▬▬▬ ▬ ▬▬▬▬ ▬▬ ▬▬ ▬▬▬ ▬ ▬▬▬▬ ▬▬ ▬▬ ▬▬▬ ▬ ▬▬▬▬ ▬▬ ▬▬ ▬▬▬ ▬ ▬▬▬▬ ▬▬ ▬▬ ▬▬▬ ▬ ▬▬▬▬ ▬▬ ▬▬ ▬▬▬ ▬ ▬▬▬▬ ▬▬ ▬▬ ▬▬▬ ▬ ▬▬▬▬ ▬▬ ▬▬ ▬▬▬ ▬ ▬▬▬▬ ▬▬ ▬▬ ▬▬▬ ▬ ▬▬▬▬ ▬▬ ▬▬ ▬▬▬ ▬ ▬▬▬▬ ▬▬ ▬▬ ▬▬▬ ▬ ▬▬▬▬ ▬▬ ▬▬ ▬▬▬ ▬ ▬▬▬▬ ▬▬ ▬▬ ▬▬▬ ▬ ▬▬▬▬ ▬▬ ▬▬ ▬▬▬ ▬ ▬▬▬▬ ▬▬ ▬▬ ▬▬▬ ▬ ▬▬▬▬ ▬▬ ▬▬ ▬▬▬ ▬ ▬▬▬▬ ▬▬ ▬▬ ▬▬▬ ▬ ▬▬▬▬ ▬▬ ▬▬ ▬▬▬ ▬ ▬▬▬▬ ▬▬ ▬▬ ▬▬▬ ▬ ▬▬▬▬ ▬▬ ▬▬ ▬▬▬ ▬ ▬▬▬▬ ▬▬ ▬▬ ▬▬▬ ▬ ▬▬▬▬ ▬▬ ▬▬ ▬▬▬ ▬ ▬▬▬▬ ▬▬ ▬▬ ▬▬▬ ▬ ▬▬▬▬ ▬▬ ▬▬ ▬▬▬ ▬ ▬▬▬▬ ▬▬ ▬▬ ▬▬▬ ▬ ▬▬▬▬ ▬▬ ▬▬ ▬▬▬ ▬ ▬▬▬▬ ▬▬ ▬▬ ▬▬▬ ▬ ▬▬▬▬ ▬▬ ▬▬ ▬▬▬ ▬ ▬▬▬▬ ▬▬ ▬▬ ▬▬▬ ▬ ▬▬▬▬ ▬▬ ▬▬ ▬▬▬ ▬ ▬▬▬▬ ▬▬ ▬▬ ▬▬▬ ▬ ▬▬▬▬ ▬▬ ▬▬ ▬▬▬ ▬ ▬▬▬▬ ▬▬ ▬▬ ▬▬▬ ▬ ▬▬▬▬ ▬▬ ▬▬ ▬▬▬ ▬ ▬▬▬▬ ▬▬ ▬▬ ▬▬▬ ▬ ▬▬▬▬ ▬▬ ▬▬ ▬▬▬ ▬ ▬▬▬▬ ▬▬ ▬▬ ▬▬▬ ▬
THE ALLEGED POISONING CASE.
▬▬ ▬▬▬ ▬ ▬▬▬▬ ▬▬ ▬▬ ▬▬▬ ▬ ▬▬▬▬ ▬▬ ▬▬ ▬▬▬ ▬ ▬▬▬▬ ▬▬ ▬▬ ▬▬▬ ▬ ▬▬▬▬ ▬▬ ▬▬ ▬▬▬ ▬ ▬▬▬▬ ▬▬ ▬▬ ▬▬▬ ▬ ▬▬▬▬ ▬▬ ▬▬ ▬▬▬ ▬ ▬▬▬▬ ▬▬ ▬▬ ▬▬▬ ▬ ▬▬▬▬ ▬▬ ▬▬ ▬▬▬ ▬ ▬▬▬▬ ▬▬ ▬▬ ▬▬▬ ▬ ▬▬▬▬ ▬▬ ▬▬ ▬▬▬ ▬ ▬▬▬▬ ▬▬ ▬▬ ▬▬▬ ▬ ▬▬▬▬ ▬▬ ▬▬ ▬▬▬ ▬ ▬▬▬▬ ▬▬ ▬▬ ▬▬▬ ▬ ▬▬▬▬ ▬▬ ▬▬ ▬▬▬ ▬ ▬▬▬▬ ▬▬ ▬▬ ▬▬▬ ▬ ▬▬▬▬ ▬▬ ▬▬ ▬▬▬ ▬ ▬▬▬▬ ▬▬ ▬▬ ▬▬▬ ▬ ▬▬▬▬ ▬▬ ▬▬ ▬▬▬ ▬ ▬▬▬▬ ▬▬ ▬▬ ▬▬▬ ▬ ▬▬▬▬ ▬▬ ▬▬ ▬▬▬ ▬ ▬▬▬▬ ▬▬ ▬▬ ▬▬▬ ▬ ▬▬▬▬ ▬▬ ▬▬ ▬▬▬ ▬ ▬▬▬▬ ▬▬ ▬▬ ▬▬▬ ▬ ▬▬▬▬ ▬▬ ▬▬ ▬▬▬ ▬ ▬▬▬▬ ▬▬ ▬▬ ▬▬▬ ▬ ▬▬▬▬ ▬▬ ▬▬ ▬▬▬ ▬ ▬▬▬▬ ▬▬ ▬▬ ▬▬▬ ▬ ▬▬▬▬ ▬▬ ▬▬ ▬▬▬ ▬ ▬▬▬▬ ▬▬ ▬▬ ▬▬▬ ▬ ▬▬▬▬ ▬▬ ▬▬ ▬▬▬ ▬ ▬▬▬▬ ▬▬ ▬▬ ▬▬▬ ▬ ▬▬▬▬ ▬▬ ▬▬ ▬▬▬ ▬ ▬▬▬▬ ▬▬ ▬▬ ▬▬▬ ▬ ▬▬▬▬ ▬▬ ▬▬ ▬▬▬ ▬ ▬▬▬▬ ▬▬ ▬▬ ▬▬▬ ▬ ▬▬▬▬ ▬▬ ▬▬ ▬▬▬ ▬ ▬▬▬▬ ▬▬ ▬▬
SLIP AT ORIENTAL BAY.
▬▬ ▬▬▬ ▬ ▬▬▬▬ ▬▬ ▬▬ ▬▬▬ ▬ ▬▬▬▬ ▬▬ ▬▬ ▬▬▬ ▬ ▬▬▬▬ ▬▬ ▬▬ ▬▬▬ ▬ ▬▬▬▬ ▬▬ ▬▬ ▬▬▬ ▬ ▬▬▬▬ ▬▬ ▬▬ ▬▬▬ ▬ ▬▬▬▬ ▬▬ ▬▬ ▬▬▬ ▬ ▬▬▬▬ ▬▬ ▬▬ ▬▬▬ ▬ ▬▬▬▬ ▬▬ ▬▬ ▬▬▬ ▬ ▬▬▬▬ ▬▬ ▬▬ ▬▬▬ ▬ ▬▬▬▬ ▬▬ ▬▬ ▬▬▬ ▬ ▬▬▬▬ ▬▬ ▬▬ ▬▬▬ ▬ ▬▬▬▬ ▬▬ ▬▬ ▬▬▬ ▬ ▬▬▬▬ ▬▬ ▬▬
PORT REGULATIONS.
▬▬ ▬▬▬ ▬ ▬▬▬▬ ▬▬ ▬▬ ▬▬▬ ▬ ▬▬▬▬ ▬▬ ▬▬ ▬▬▬ ▬ ▬▬▬▬ ▬▬ ▬▬ ▬▬▬ ▬ ▬▬▬▬ ▬▬ ▬▬ ▬▬▬ ▬ ▬▬▬▬ ▬▬ ▬▬ ▬▬▬ ▬ ▬▬▬▬ ▬▬ ▬▬ ▬▬▬ ▬ ▬▬▬▬ ▬▬ ▬▬ ▬▬▬ ▬ ▬▬▬▬ ▬▬ ▬▬ ▬▬▬ ▬ ▬▬▬▬ ▬▬ ▬▬ ▬▬▬ ▬ ▬▬▬▬ ▬▬ ▬▬ ▬▬▬ ▬ ▬▬▬▬ ▬▬ ▬▬ ▬▬▬ ▬ ▬▬▬▬ ▬▬ ▬▬ ▬▬▬ ▬ ▬▬▬▬ ▬▬ ▬▬ ▬▬▬ ▬ ▬▬▬▬ ▬▬ ▬▬ ▬▬▬ ▬ ▬▬▬▬ ▬▬ ▬▬ ▬▬▬ ▬ ▬▬▬▬ ▬▬ ▬▬ ▬▬▬ ▬ ▬▬▬▬ ▬▬ ▬▬ ▬▬▬ ▬ ▬▬▬▬ ▬▬ ▬▬ ▬▬▬ ▬ ▬▬▬▬ ▬▬ ▬▬ ▬▬▬ ▬ ▬▬▬▬ ▬▬ ▬▬ ▬▬▬ ▬ ▬▬▬▬ ▬▬ ▬▬ ▬▬▬ ▬ ▬▬▬▬ ▬▬ ▬▬ ▬▬▬ ▬ ▬▬▬▬ ▬▬ ▬▬ ▬▬▬ ▬ ▬▬▬▬ ▬▬ ▬▬ ▬▬▬ ▬ ▬▬▬▬ ▬▬ ▬▬ ▬▬▬ ▬ ▬▬▬▬ ▬▬ ▬▬ ▬▬▬ ▬ ▬▬▬▬ ▬▬ ▬▬ ▬▬▬ ▬ ▬▬▬▬ ▬▬ ▬▬ ▬▬▬ ▬ ▬▬▬▬ ▬▬ ▬▬ ▬▬▬ ▬ ▬▬▬▬ ▬▬ ▬▬ ▬▬▬ ▬ ▬▬▬▬ ▬▬ ▬▬ ▬▬▬ ▬ ▬▬▬▬ ▬▬ ▬▬ ▬▬▬ ▬ ▬▬▬▬ ▬▬ ▬▬ ▬▬▬ ▬ ▬▬▬▬ ▬▬ ▬▬ ▬▬▬ ▬ ▬▬▬▬ ▬▬ ▬▬ ▬▬▬ ▬ ▬▬▬▬ ▬▬ ▬▬ ▬▬▬ ▬ ▬▬▬▬ ▬▬ ▬▬ ▬▬▬ ▬ ▬▬▬▬ ▬▬ ▬▬ ▬▬▬ ▬ ▬▬▬▬ ▬▬ ▬▬ ▬▬▬ ▬ ▬▬▬▬ ▬▬ ▬▬ ▬▬▬ ▬ ▬▬▬▬ ▬▬ ▬▬ ▬▬▬ ▬ ▬▬▬▬ ▬▬ ▬▬ ▬▬▬ ▬ ▬▬▬▬ ▬▬ ▬▬ ▬▬▬ ▬ ▬▬▬▬ ▬▬ ▬▬ ▬▬▬ ▬ ▬▬▬▬ ▬▬ ▬▬ ▬▬▬ ▬ ▬▬▬▬ ▬▬ ▬▬ ▬▬▬ ▬ ▬▬▬▬ ▬▬ ▬▬ ▬▬▬ ▬ ▬▬▬▬
THE EDUCATION REPORT.
▬▬ ▬▬▬ ▬ ▬▬▬▬ ▬▬ ▬▬ ▬▬▬ ▬ ▬▬▬▬ ▬▬ ▬▬ ▬▬▬ ▬ ▬▬▬▬ ▬▬ ▬▬ ▬▬▬ ▬ ▬▬▬▬ ▬▬ ▬▬ ▬▬▬ ▬ ▬▬▬▬ ▬▬ ▬▬ ▬▬▬ ▬ ▬▬▬▬ ▬▬ ▬▬ ▬▬▬ ▬ ▬▬▬▬ ▬▬ ▬▬ ▬▬▬ ▬ ▬▬▬▬ ▬▬ ▬▬ ▬▬▬ ▬ ▬▬▬▬ ▬▬ ▬▬ ▬▬▬ ▬ ▬▬▬▬ ▬▬ ▬▬ ▬▬▬ ▬ ▬▬▬▬ ▬▬ ▬▬ ▬▬▬ ▬ ▬▬▬▬ ▬▬ ▬▬ ▬▬▬ ▬ ▬▬▬▬ ▬▬ ▬▬ ▬▬▬ ▬ ▬▬▬▬ ▬▬ ▬▬ ▬▬▬ ▬ ▬▬▬▬ ▬▬ ▬▬ ▬▬▬ ▬ ▬▬▬▬ ▬▬ ▬▬ ▬▬▬ ▬ ▬▬▬▬ ▬▬ ▬▬ ▬▬▬ ▬ ▬▬▬▬ ▬▬ ▬▬ ▬▬▬ ▬ ▬▬▬▬ ▬▬ ▬▬ ▬▬▬ ▬ ▬▬▬▬ ▬▬ ▬▬ ▬▬▬ ▬ ▬▬▬▬ ▬▬ ▬▬ ▬▬▬ ▬ ▬▬▬▬ ▬▬ ▬▬ ▬▬▬ ▬ ▬▬▬▬ ▬▬ ▬▬ ▬▬▬ ▬ ▬▬▬▬ ▬▬ ▬▬ ▬▬▬ ▬ ▬▬▬▬ ▬▬ ▬▬ ▬▬▬ ▬ ▬▬▬▬ ▬▬ ▬▬ ▬▬▬ ▬ ▬▬▬▬ ▬▬ ▬▬ ▬▬▬ ▬ ▬▬▬▬ ▬▬ ▬▬ ▬▬▬ ▬ ▬▬▬▬ ▬▬ ▬▬ ▬▬▬ ▬ ▬▬▬▬ ▬▬ ▬▬ ▬▬▬ ▬ ▬▬▬▬ ▬▬ ▬▬ ▬▬▬ ▬ ▬▬▬▬
ANNUAL MEETING OF THE WELLINGTON STEAM SHIP COMPANY.
▬▬ ▬▬▬ ▬ ▬▬▬▬ ▬▬ ▬▬ ▬▬▬ ▬ ▬▬▬▬ ▬▬ ▬▬ ▬▬▬ ▬ ▬▬▬▬ ▬▬ ▬▬ ▬▬▬ ▬ ▬▬▬▬ ▬▬ ▬▬ ▬▬▬ ▬ ▬▬▬▬ ▬▬ ▬▬ ▬▬▬ ▬ ▬▬▬▬ ▬▬ ▬▬ ▬▬▬ ▬ ▬▬▬▬ ▬▬ ▬▬ ▬▬▬ ▬ ▬▬▬▬ ▬▬ ▬▬ ▬▬▬ ▬ ▬▬▬▬ ▬▬ ▬▬ ▬▬▬ ▬ ▬▬▬▬ ▬▬ ▬▬ ▬▬▬ ▬ ▬▬▬▬ ▬▬ ▬▬ ▬▬▬ ▬ ▬▬▬▬ ▬▬ ▬▬ ▬▬▬ ▬ ▬▬▬▬ ▬▬ ▬▬ ▬▬▬ ▬ ▬▬▬▬ ▬▬ ▬▬ ▬▬▬ ▬ ▬▬▬▬ ▬▬ ▬▬ ▬▬▬ ▬ ▬▬▬▬ ▬▬ ▬▬ ▬▬▬ ▬ ▬▬▬▬ ▬▬ ▬▬ ▬▬▬ ▬ ▬▬▬▬ ▬▬ ▬▬ ▬▬▬ ▬ ▬▬▬▬ ▬▬ ▬▬ ▬▬▬ ▬ ▬▬▬▬ ▬▬ ▬▬ ▬▬▬ ▬ ▬▬▬▬ ▬▬ ▬▬ ▬▬▬ ▬ ▬▬▬▬ ▬▬ ▬▬ ▬▬▬ ▬ ▬▬▬▬ ▬▬ ▬▬ ▬▬▬ ▬ ▬▬▬▬ ▬▬ ▬▬ ▬▬▬ ▬ ▬▬▬▬ ▬▬ ▬▬ ▬▬▬ ▬ ▬▬▬▬ ▬▬ ▬▬ ▬▬▬ ▬ ▬▬▬▬ ▬▬ ▬▬ ▬▬▬ ▬ ▬▬▬▬ ▬▬ ▬▬ ▬▬▬ ▬ ▬▬▬▬ ▬▬ ▬▬
▬▬ ▬▬▬ ▬ ▬▬▬▬ ▬▬ ▬▬ ▬▬▬ ▬ ▬▬▬▬ ▬▬ ▬▬ ▬▬▬ ▬ ▬▬▬▬ ▬▬ ▬▬ ▬▬▬ ▬ ▬▬▬▬ ▬▬ ▬▬ ▬▬▬ ▬ ▬▬▬▬ ▬▬ ▬▬ ▬▬▬ ▬ ▬▬▬▬ ▬▬ ▬▬ ▬▬▬ ▬ ▬▬▬▬ ▬▬ ▬▬ ▬▬▬ ▬ ▬▬▬▬ ▬▬ ▬▬ ▬▬▬ ▬ ▬▬▬▬ ▬▬ ▬▬ ▬▬▬ ▬ ▬▬▬▬ ▬▬ ▬▬ ▬▬▬ ▬ ▬▬▬▬ ▬▬ ▬▬ ▬▬▬ ▬ ▬▬▬▬ ▬▬ ▬▬ ▬▬▬ ▬ ▬▬▬▬ ▬▬ ▬▬ ▬▬▬ ▬ ▬▬▬▬ ▬▬ ▬▬ ▬▬▬ ▬ ▬▬▬▬ ▬▬ ▬▬ ▬▬▬ ▬ ▬▬▬▬ ▬▬ ▬▬ ▬▬▬ ▬ ▬▬▬▬ ▬▬ ▬▬ ▬▬▬ ▬ ▬▬▬▬ ▬▬ ▬▬ ▬▬▬ ▬
SCHOOL MEETINGS.
▬▬ ▬▬▬ ▬ ▬▬▬▬ ▬▬ ▬▬ ▬▬▬ ▬ ▬▬▬▬ ▬▬ ▬▬ ▬▬▬ ▬ ▬▬▬▬ ▬▬ ▬▬ ▬▬▬ ▬ ▬▬▬▬ ▬▬ ▬▬ ▬▬▬ ▬ ▬▬▬▬ ▬▬ ▬▬ ▬▬▬ ▬ ▬▬▬▬ ▬▬ ▬▬ ▬▬▬ ▬ ▬▬▬▬ ▬▬ ▬▬ ▬▬▬ ▬ ▬▬▬▬ ▬▬ ▬▬ ▬▬▬ ▬ ▬▬▬▬ ▬▬ ▬▬ ▬▬▬ ▬ ▬▬▬▬ ▬▬ ▬▬ ▬▬▬ ▬ ▬▬▬▬ ▬▬ ▬▬ ▬▬▬ ▬ ▬▬▬▬ ▬▬ ▬▬ ▬▬▬ ▬ ▬▬▬▬ ▬▬ ▬▬ ▬▬▬ ▬ ▬▬▬▬ ▬▬ ▬▬ ▬▬▬ ▬ ▬▬▬▬ ▬▬ ▬▬ ▬▬▬ ▬ ▬▬▬▬ ▬▬ ▬▬ ▬▬▬ ▬ ▬▬▬▬ ▬▬ ▬▬ ▬▬▬ ▬ ▬▬▬▬ ▬▬ ▬▬ ▬▬▬ ▬ ▬▬▬▬ ▬▬ ▬▬ ▬▬▬ ▬ ▬▬▬▬ ▬▬ ▬▬ ▬▬▬ ▬ ▬▬▬▬ ▬▬ ▬▬ ▬▬▬ ▬ ▬▬▬▬ ▬▬ ▬▬ ▬▬▬ ▬ ▬▬▬▬ ▬▬ ▬▬ ▬▬▬ ▬ ▬▬▬▬ ▬▬ ▬▬ ▬▬▬ ▬ ▬▬▬▬ ▬▬ ▬▬ ▬▬▬ ▬ ▬▬▬▬ ▬▬ ▬▬ ▬▬▬ ▬ ▬▬▬▬ ▬▬ ▬▬ ▬▬▬ ▬ ▬▬▬▬ ▬▬ ▬▬ ▬▬▬ ▬ ▬▬▬▬ ▬▬ ▬▬ ▬▬▬ ▬ ▬▬▬▬ ▬▬ ▬▬ ▬▬▬ ▬ ▬▬▬▬ ▬▬ ▬▬ ▬▬▬ ▬ ▬▬▬▬ ▬▬ ▬▬ ▬▬▬ ▬ ▬▬▬▬ ▬▬ ▬▬ ▬▬▬ ▬ ▬▬▬▬ ▬▬ ▬▬ ▬▬▬ ▬ ▬▬▬▬ ▬▬ ▬▬ ▬▬▬ ▬ ▬▬▬▬ ▬▬ ▬▬ ▬▬▬ ▬ ▬▬▬▬ ▬▬ ▬▬
RESIDENT MAGISTRATE'S COURT.
▬▬ ▬▬▬ ▬ ▬▬▬▬ ▬▬ ▬▬ ▬▬▬ ▬ ▬▬▬▬ ▬▬ ▬▬ ▬▬▬ ▬ ▬▬▬▬ ▬▬ ▬▬ ▬▬▬ ▬ ▬▬▬▬ ▬▬ ▬▬ ▬▬▬ ▬ ▬▬▬▬ ▬▬ ▬▬ ▬▬▬ ▬ ▬▬▬▬ ▬▬ ▬▬ ▬▬▬ ▬ ▬▬▬▬ ▬▬ ▬▬ ▬▬▬ ▬ ▬▬▬▬ ▬▬ ▬▬ ▬▬▬ ▬ ▬▬▬▬ ▬▬ ▬▬ ▬▬▬ ▬ ▬▬▬▬ ▬▬ ▬▬ ▬▬▬ ▬ ▬▬▬▬ ▬▬ ▬▬ ▬▬▬ ▬ ▬▬▬▬ ▬▬ ▬▬ ▬▬▬ ▬ ▬▬▬▬ ▬▬ ▬▬ ▬▬▬ ▬ ▬▬▬▬ ▬▬ ▬▬ ▬▬▬ ▬ ▬▬▬▬ ▬▬ ▬▬ ▬▬▬ ▬ ▬▬▬▬ ▬▬ ▬▬ ▬▬▬ ▬ ▬▬▬▬ ▬▬ ▬▬ ▬▬▬ ▬ ▬▬▬▬ ▬▬ ▬▬ ▬▬▬ ▬ ▬▬▬▬ ▬▬ ▬▬ ▬▬▬ ▬ ▬▬▬▬ ▬▬ ▬▬ ▬▬▬ ▬ ▬▬▬▬ ▬▬ ▬▬ ▬▬▬ ▬ ▬▬▬▬ ▬▬ ▬▬ ▬▬▬ ▬ ▬▬▬▬ ▬▬ ▬▬ ▬▬▬ ▬ ▬▬▬▬ ▬▬ ▬▬ ▬▬▬ ▬ ▬▬▬▬ ▬▬ ▬▬ ▬▬▬ ▬ ▬▬▬▬ ▬▬ ▬▬ ▬▬▬ ▬
▬▬ ▬▬▬ ▬ ▬▬▬▬ ▬▬ ▬▬ ▬▬▬ ▬ ▬▬▬▬ ▬▬ ▬▬ ▬▬▬ ▬ ▬▬▬▬ ▬▬ ▬▬ ▬▬▬ ▬ ▬▬▬▬ ▬▬ ▬▬ ▬▬▬ ▬ ▬▬▬▬ ▬▬ ▬▬ ▬▬▬ ▬ ▬▬▬▬ ▬▬ ▬▬ ▬▬▬ ▬ ▬▬▬▬ ▬▬ ▬▬ ▬▬▬ ▬ ▬▬▬▬ ▬▬ ▬▬ ▬▬▬ ▬ ▬▬▬▬ ▬▬ ▬▬ ▬▬▬ ▬ ▬▬▬▬ ▬▬ ▬▬ ▬▬▬ ▬ ▬▬▬▬ ▬▬ ▬▬ ▬▬▬ ▬ ▬▬▬▬ ▬▬ ▬▬ ▬▬▬ ▬ ▬▬▬▬ ▬▬ ▬▬ ▬▬▬ ▬ ▬▬▬▬ ▬▬ ▬▬ ▬▬▬ ▬ ▬▬▬▬ ▬▬ ▬▬ ▬▬▬ ▬ ▬▬▬▬ ▬▬ ▬▬ ▬▬▬ ▬ ▬▬▬▬ ▬▬ ▬▬ ▬▬▬ ▬ ▬▬▬▬ ▬▬ ▬▬ ▬▬▬ ▬ ▬▬▬▬ ▬▬ ▬▬ ▬▬▬ ▬ ▬▬▬▬ ▬▬ ▬▬ ▬▬▬ ▬ ▬▬▬▬ ▬▬ ▬▬ ▬▬▬ ▬ ▬▬▬▬ ▬▬ ▬▬ ▬▬▬ ▬ ▬▬▬▬ ▬▬ ▬▬ ▬▬▬ ▬ ▬▬▬▬ ▬▬ ▬▬ ▬▬▬ ▬ ▬▬▬▬ ▬▬ ▬▬ ▬▬▬ ▬ ▬▬▬▬ ▬▬ ▬▬ ▬▬▬ ▬ ▬▬▬▬ ▬▬ ▬▬ ▬▬▬ ▬ ▬▬▬▬ ▬▬ ▬▬ ▬▬▬ ▬ ▬▬▬▬ ▬▬ ▬▬ ▬▬▬ ▬ ▬▬▬▬ ▬▬ ▬▬
SIR WILLIAM FITZHERBERT AT THE UPPER HUTT.
▬▬ ▬▬▬ ▬ ▬▬▬▬ ▬▬ ▬▬ ▬▬▬ ▬ ▬▬▬▬ ▬▬ ▬▬ ▬▬▬ ▬ ▬▬▬▬ ▬▬ ▬▬ ▬▬▬ ▬ ▬▬▬▬ ▬▬ ▬▬ ▬▬▬ ▬ ▬▬▬▬ ▬▬ ▬▬ ▬▬▬ ▬ ▬▬▬▬ ▬▬ ▬▬ ▬▬▬ ▬ ▬▬▬▬ ▬▬ ▬▬ ▬▬▬ ▬ ▬▬▬▬ ▬▬ ▬▬ ▬▬▬ ▬ ▬▬▬▬ ▬▬ ▬▬ ▬▬▬ ▬ ▬▬▬▬ ▬▬ ▬▬ ▬▬▬ ▬ ▬▬▬▬ ▬▬ ▬▬ ▬▬▬ ▬ ▬▬▬▬ ▬▬ ▬▬ ▬▬▬ ▬ ▬▬▬▬ ▬▬ ▬▬ ▬▬▬ ▬ ▬▬▬▬ ▬▬ ▬▬ ▬▬▬ ▬ ▬▬▬▬ ▬▬ ▬▬ ▬▬▬ ▬ ▬▬▬▬ ▬▬ ▬▬ ▬▬▬ ▬ ▬▬▬▬ ▬▬ ▬▬ ▬▬▬ ▬ ▬▬▬▬ ▬▬ ▬▬ ▬▬▬ ▬ ▬▬▬▬ ▬▬ ▬▬ ▬▬▬ ▬ ▬▬▬▬ ▬▬ ▬▬ ▬▬▬ ▬ ▬▬▬▬ ▬▬ ▬▬ ▬▬▬ ▬ ▬▬▬▬ ▬▬ ▬▬ ▬▬▬ ▬ ▬▬▬▬ ▬▬ ▬▬ ▬▬▬ ▬ ▬▬▬▬ ▬▬ ▬▬ ▬▬▬ ▬ ▬▬▬▬
